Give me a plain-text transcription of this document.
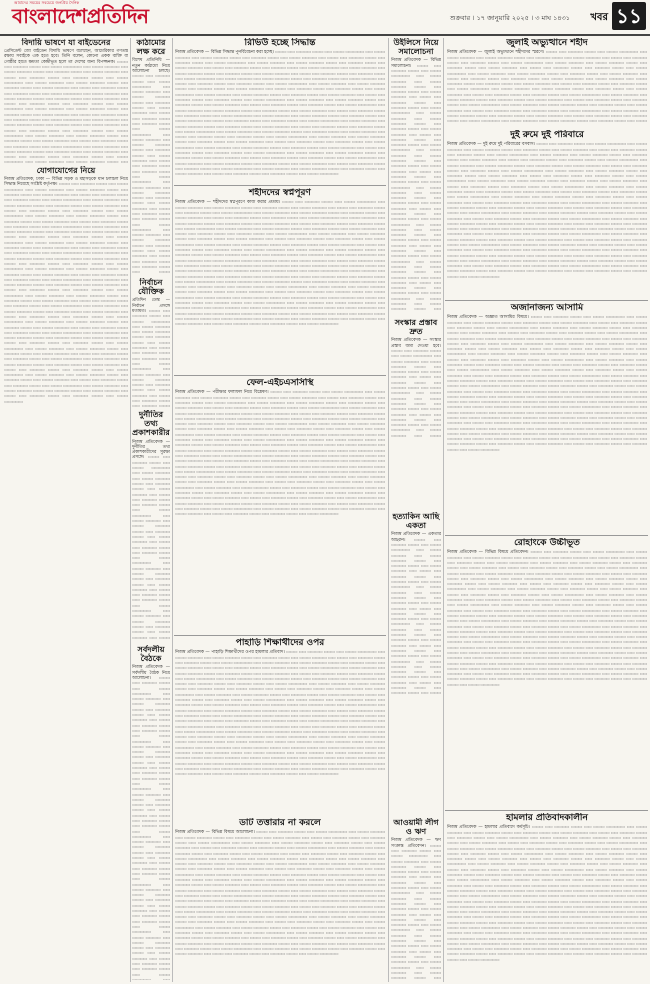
বাংলাদেশপ্রতিদিন
আমাদের সময়ের সবচেয়ে জনপ্রিয় দৈনিক
শুক্রবার । ১৭ জানুয়ারি ২০২৫ । ৩ মাঘ ১৪৩১ খবর ১১
বিদায়ি ভাষণে যা বাইডেনের

প্রেসিডেন্ট জো বাইডেন বিদায়ি ভাষণে বলেছেন, আমেরিকার গণতন্ত্র রক্ষায় সবাইকে এক হতে হবে। তিনি বলেন, কোনো একক ব্যক্তি বা গোষ্ঠীর হাতে ক্ষমতা কেন্দ্রীভূত হলে তা দেশের জন্য বিপজ্জনক। ▭▭▭ ▭▭ ▭▭▭▭ ▭▭▭ ▭▭ ▭▭▭ ▭▭▭▭▭ ▭▭ ▭▭▭ ▭▭▭▭ ▭▭ ▭▭▭ ▭▭▭▭ ▭▭▭ ▭▭ ▭▭▭▭ ▭▭▭ ▭▭ ▭▭▭ ▭▭▭▭ ▭▭ ▭▭▭ ▭▭ ▭▭▭▭ ▭▭▭ ▭▭ ▭▭▭▭ ▭▭▭ ▭▭ ▭▭▭ ▭▭▭▭▭ ▭▭ ▭▭▭ ▭▭▭▭ ▭▭ ▭▭▭ ▭▭▭▭ ▭▭▭ ▭▭ ▭▭▭▭ ▭▭▭ ▭▭ ▭▭▭ ▭▭▭▭ ▭▭ ▭▭▭ ▭▭ ▭▭▭▭ ▭▭▭ ▭▭ ▭▭▭▭ ▭▭▭ ▭▭ ▭▭▭ ▭▭▭▭▭ ▭▭ ▭▭▭ ▭▭▭▭ ▭▭ ▭▭▭ ▭▭▭▭ ▭▭▭ ▭▭ ▭▭▭▭ ▭▭▭ ▭▭ ▭▭▭ ▭▭▭▭ ▭▭ ▭▭▭ ▭▭ ▭▭▭▭ ▭▭▭ ▭▭ ▭▭▭▭ ▭▭▭ ▭▭ ▭▭▭ ▭▭▭▭▭ ▭▭ ▭▭▭ ▭▭▭▭ ▭▭ ▭▭▭ ▭▭▭▭ ▭▭▭ ▭▭ ▭▭▭▭ ▭▭▭ ▭▭ ▭▭▭ ▭▭▭▭ ▭▭ ▭▭▭ ▭▭ ▭▭▭▭ ▭▭▭ ▭▭ ▭▭▭▭ ▭▭▭ ▭▭ ▭▭▭ ▭▭▭▭▭ ▭▭ ▭▭▭ ▭▭▭▭ ▭▭ ▭▭▭ ▭▭▭▭ ▭▭▭ ▭▭ ▭▭▭▭ ▭▭▭ ▭▭ ▭▭▭ ▭▭▭▭ ▭▭ ▭▭▭ ▭▭ ▭▭▭▭ ▭▭▭ ▭▭ ▭▭▭▭ ▭▭▭ ▭▭ ▭▭▭ ▭▭▭▭▭ ▭▭ ▭▭▭ ▭▭▭▭ ▭▭ ▭▭▭ ▭▭▭▭ ▭▭▭ ▭▭ ▭▭▭▭ ▭▭▭ ▭▭ ▭▭▭ ▭▭▭▭ ▭▭ ▭▭▭ ▭▭ ▭▭▭▭ ▭▭▭ ▭▭ ▭▭▭▭ ▭▭▭ ▭▭ ▭▭▭ ▭▭▭▭▭ ▭▭ ▭▭▭ ▭▭▭▭ ▭▭ ▭▭▭ ▭▭▭▭ ▭▭▭ ▭▭ ▭▭▭▭ ▭▭▭ ▭▭ ▭▭▭ ▭▭▭▭ ▭▭ ▭▭▭ ▭▭ ▭▭▭▭ ▭▭▭ ▭▭ ▭▭▭▭ ▭▭▭ ▭▭ ▭▭▭ ▭▭▭▭▭ ▭▭ ▭▭▭ ▭▭▭▭ ▭▭ ▭▭▭ ▭▭▭▭ ▭▭▭ ▭▭ ▭▭▭▭ ▭▭▭ ▭▭ ▭▭▭ ▭▭▭▭ ▭▭ ▭▭▭ ▭▭ ▭▭▭▭ ▭▭▭ ▭▭ ▭▭▭▭ ▭▭▭ ▭▭ ▭▭▭ ▭▭▭▭▭ ▭▭ ▭▭▭ ▭▭▭▭ ▭▭ ▭▭▭ ▭▭▭▭ ▭▭▭ ▭▭ ▭▭▭▭ ▭▭▭ ▭▭ ▭▭▭ ▭▭▭▭ ▭▭ ▭▭▭ ▭▭ ▭▭▭▭ ▭▭▭ ▭▭ ▭▭▭▭ ▭▭▭ ▭▭ ▭▭▭ ▭▭▭▭▭ ▭▭ ▭▭▭ ▭▭▭▭ ▭▭ ▭▭▭ ▭▭▭▭ ▭▭▭ ▭▭ ▭▭▭▭ ▭▭▭ ▭▭ ▭▭▭ ▭▭▭▭ ▭▭ ▭▭▭ ▭▭ ▭▭▭▭ ▭▭▭ ▭▭ ▭▭▭▭ ▭▭▭ ▭▭ ▭▭▭ ▭▭▭▭▭ ▭▭ ▭▭▭ ▭▭▭▭ ▭▭ ▭▭▭ ▭▭▭▭ ▭▭▭ ▭▭ ▭▭▭▭ ▭▭▭ ▭▭ ▭▭▭ ▭▭▭▭ ▭▭ ▭▭▭ ▭▭ ▭▭▭▭ ▭▭▭ ▭▭ ▭▭▭▭ ▭▭▭ ▭▭ ▭▭▭ ▭▭▭▭▭ ▭▭ ▭▭▭ ▭▭▭▭ ▭▭ ▭▭▭ ▭▭▭▭ ▭▭▭ ▭▭ ▭▭▭▭ ▭▭▭ ▭▭ ▭▭▭ ▭▭▭▭ ▭▭ ▭▭▭ ▭▭ ▭▭▭▭ ▭▭▭ ▭▭ ▭▭▭▭ ▭▭▭ ▭▭ ▭▭▭ ▭▭▭▭▭ ▭▭ ▭▭▭ ▭▭▭▭ ▭▭ ▭▭▭ ▭▭▭▭ ▭▭▭ ▭▭ ▭▭▭▭ ▭▭▭ ▭▭ ▭▭▭ ▭▭▭▭ ▭▭ ▭▭▭ ▭▭ ▭▭▭▭ ▭▭▭ ▭▭ ▭▭▭▭ ▭▭▭ ▭▭ ▭▭▭ ▭▭▭▭▭ ▭▭ ▭▭▭ ▭▭▭▭ ▭▭ ▭▭▭ ▭▭▭▭ ▭▭▭ ▭▭ ▭▭▭▭ ▭▭▭ ▭▭ ▭▭▭ ▭▭▭▭ ▭▭ ▭▭▭ ▭▭ ▭▭▭▭ ▭▭▭ ▭▭ ▭▭▭▭ ▭▭▭ ▭▭ ▭▭▭ ▭▭▭▭▭ ▭▭ ▭▭▭ ▭▭▭▭ ▭▭ ▭▭▭ ▭▭▭▭ ▭▭▭ ▭▭ ▭▭▭▭ ▭▭▭ ▭▭ ▭▭▭ ▭▭▭▭ ▭▭ ▭▭▭ ▭▭ ▭▭▭▭ ▭▭▭ ▭▭ ▭▭▭▭ ▭▭▭ ▭▭ ▭▭▭ ▭▭▭▭▭ ▭▭ ▭▭▭ ▭▭▭▭ ▭▭ ▭▭▭ ▭▭▭▭ ▭▭▭ ▭▭ ▭▭▭▭ ▭▭▭ ▭▭ ▭▭▭ ▭▭▭▭ ▭▭ ▭▭▭ ▭▭ ▭▭▭▭ ▭▭▭ ▭▭ ▭▭▭▭ ▭▭▭ ▭▭ ▭▭▭ ▭▭▭▭▭

যোগাযোগের নিয়ে

নিজস্ব প্রতিবেদক, ঢাকা — বিভিন্ন সড়ক ও মহাসড়কে যান চলাচল নিয়ে সিদ্ধান্ত নিয়েছে সংশ্লিষ্ট কর্তৃপক্ষ। ▭▭▭ ▭▭ ▭▭▭▭ ▭▭▭ ▭▭ ▭▭▭ ▭▭▭▭▭ ▭▭ ▭▭▭ ▭▭▭▭ ▭▭ ▭▭▭ ▭▭▭▭ ▭▭▭ ▭▭ ▭▭▭▭ ▭▭▭ ▭▭ ▭▭▭ ▭▭▭▭ ▭▭ ▭▭▭ ▭▭ ▭▭▭▭ ▭▭▭ ▭▭ ▭▭▭▭ ▭▭▭ ▭▭ ▭▭▭ ▭▭▭▭▭ ▭▭ ▭▭▭ ▭▭▭▭ ▭▭ ▭▭▭ ▭▭▭▭ ▭▭▭ ▭▭ ▭▭▭▭ ▭▭▭ ▭▭ ▭▭▭ ▭▭▭▭ ▭▭ ▭▭▭ ▭▭ ▭▭▭▭ ▭▭▭ ▭▭ ▭▭▭▭ ▭▭▭ ▭▭ ▭▭▭ ▭▭▭▭▭ ▭▭ ▭▭▭ ▭▭▭▭ ▭▭ ▭▭▭ ▭▭▭▭ ▭▭▭ ▭▭ ▭▭▭▭ ▭▭▭ ▭▭ ▭▭▭ ▭▭▭▭ ▭▭ ▭▭▭ ▭▭ ▭▭▭▭ ▭▭▭ ▭▭ ▭▭▭▭ ▭▭▭ ▭▭ ▭▭▭ ▭▭▭▭▭ ▭▭ ▭▭▭ ▭▭▭▭ ▭▭ ▭▭▭ ▭▭▭▭ ▭▭▭ ▭▭ ▭▭▭▭ ▭▭▭ ▭▭ ▭▭▭ ▭▭▭▭ ▭▭ ▭▭▭ ▭▭ ▭▭▭▭ ▭▭▭ ▭▭ ▭▭▭▭ ▭▭▭ ▭▭ ▭▭▭ ▭▭▭▭▭ ▭▭ ▭▭▭ ▭▭▭▭ ▭▭ ▭▭▭ ▭▭▭▭ ▭▭▭ ▭▭ ▭▭▭▭ ▭▭▭ ▭▭ ▭▭▭ ▭▭▭▭ ▭▭ ▭▭▭ ▭▭ ▭▭▭▭ ▭▭▭ ▭▭ ▭▭▭▭ ▭▭▭ ▭▭ ▭▭▭ ▭▭▭▭▭ ▭▭ ▭▭▭ ▭▭▭▭ ▭▭ ▭▭▭ ▭▭▭▭ ▭▭▭ ▭▭ ▭▭▭▭ ▭▭▭ ▭▭ ▭▭▭ ▭▭▭▭ ▭▭ ▭▭▭ ▭▭ ▭▭▭▭ ▭▭▭ ▭▭ ▭▭▭▭ ▭▭▭ ▭▭ ▭▭▭ ▭▭▭▭▭ ▭▭ ▭▭▭ ▭▭▭▭ ▭▭ ▭▭▭ ▭▭▭▭ ▭▭▭ ▭▭ ▭▭▭▭ ▭▭▭ ▭▭ ▭▭▭ ▭▭▭▭ ▭▭ ▭▭▭ ▭▭ ▭▭▭▭ ▭▭▭ ▭▭ ▭▭▭▭ ▭▭▭ ▭▭ ▭▭▭ ▭▭▭▭▭ ▭▭ ▭▭▭ ▭▭▭▭ ▭▭ ▭▭▭ ▭▭▭▭ ▭▭▭ ▭▭ ▭▭▭▭ ▭▭▭ ▭▭ ▭▭▭ ▭▭▭▭ ▭▭ ▭▭▭ ▭▭ ▭▭▭▭ ▭▭▭ ▭▭ ▭▭▭▭ ▭▭▭ ▭▭ ▭▭▭ ▭▭▭▭▭ ▭▭ ▭▭▭ ▭▭▭▭ ▭▭ ▭▭▭ ▭▭▭▭ ▭▭▭ ▭▭ ▭▭▭▭ ▭▭▭ ▭▭ ▭▭▭ ▭▭▭▭ ▭▭ ▭▭▭ ▭▭ ▭▭▭▭ ▭▭▭ ▭▭ ▭▭▭▭ ▭▭▭ ▭▭ ▭▭▭ ▭▭▭▭▭ ▭▭ ▭▭▭ ▭▭▭▭ ▭▭ ▭▭▭ ▭▭▭▭ ▭▭▭ ▭▭ ▭▭▭▭ ▭▭▭ ▭▭ ▭▭▭ ▭▭▭▭ ▭▭ ▭▭▭ ▭▭ ▭▭▭▭ ▭▭▭ ▭▭ ▭▭▭▭ ▭▭▭ ▭▭ ▭▭▭ ▭▭▭▭▭ ▭▭ ▭▭▭ ▭▭▭▭ ▭▭ ▭▭▭ ▭▭▭▭ ▭▭▭ ▭▭ ▭▭▭▭ ▭▭▭ ▭▭ ▭▭▭ ▭▭▭▭ ▭▭ ▭▭▭ ▭▭ ▭▭▭▭ ▭▭▭ ▭▭ ▭▭▭▭ ▭▭▭ ▭▭ ▭▭▭ ▭▭▭▭▭ ▭▭ ▭▭▭ ▭▭▭▭ ▭▭ ▭▭▭ ▭▭▭▭ ▭▭▭ ▭▭ ▭▭▭▭ ▭▭▭ ▭▭ ▭▭▭ ▭▭▭▭ ▭▭ ▭▭▭ ▭▭ ▭▭▭▭ ▭▭▭ ▭▭ ▭▭▭▭ ▭▭▭ ▭▭ ▭▭▭ ▭▭▭▭▭ ▭▭ ▭▭▭ ▭▭▭▭ ▭▭ ▭▭▭ ▭▭▭▭ ▭▭▭ ▭▭ ▭▭▭▭ ▭▭▭ ▭▭ ▭▭▭ ▭▭▭▭ ▭▭ ▭▭▭ ▭▭ ▭▭▭▭ ▭▭▭ ▭▭ ▭▭▭▭ ▭▭▭ ▭▭ ▭▭▭ ▭▭▭▭▭ ▭▭ ▭▭▭ ▭▭▭▭ ▭▭ ▭▭▭ ▭▭▭▭ ▭▭▭ ▭▭ ▭▭▭▭ ▭▭▭ ▭▭ ▭▭▭ ▭▭▭▭ ▭▭ ▭▭▭ ▭▭ ▭▭▭▭ ▭▭▭ ▭▭ ▭▭▭▭ ▭▭▭ ▭▭ ▭▭▭ ▭▭▭▭▭ ▭▭ ▭▭▭ ▭▭▭▭ ▭▭ ▭▭▭ ▭▭▭▭ ▭▭▭ ▭▭ ▭▭▭▭ ▭▭▭ ▭▭ ▭▭▭ ▭▭▭▭ ▭▭ ▭▭▭ ▭▭ ▭▭▭▭ ▭▭▭ ▭▭ ▭▭▭▭ ▭▭▭ ▭▭ ▭▭▭ ▭▭▭▭▭ ▭▭ ▭▭▭ ▭▭▭▭ ▭▭ ▭▭▭ ▭▭▭▭ ▭▭▭ ▭▭ ▭▭▭▭ ▭▭▭ ▭▭ ▭▭▭ ▭▭▭▭ ▭▭ ▭▭▭ ▭▭ ▭▭▭▭ ▭▭▭ ▭▭ ▭▭▭▭ ▭▭▭ ▭▭ ▭▭▭ ▭▭▭▭▭

কাঠামোর লক্ষ করে

বিশেষ প্রতিনিধি — নতুন কাঠামো নিয়ে আলোচনা চলছে। ▭▭▭ ▭▭ ▭▭▭▭ ▭▭▭ ▭▭ ▭▭▭ ▭▭▭▭▭ ▭▭ ▭▭▭ ▭▭▭▭ ▭▭ ▭▭▭ ▭▭▭▭ ▭▭▭ ▭▭ ▭▭▭▭ ▭▭▭ ▭▭ ▭▭▭ ▭▭▭▭ ▭▭ ▭▭▭ ▭▭ ▭▭▭▭ ▭▭▭ ▭▭ ▭▭▭▭ ▭▭▭ ▭▭ ▭▭▭ ▭▭▭▭▭ ▭▭ ▭▭▭ ▭▭▭▭ ▭▭ ▭▭▭ ▭▭▭▭ ▭▭▭ ▭▭ ▭▭▭▭ ▭▭▭ ▭▭ ▭▭▭ ▭▭▭▭ ▭▭ ▭▭▭ ▭▭ ▭▭▭▭ ▭▭▭ ▭▭ ▭▭▭▭ ▭▭▭ ▭▭ ▭▭▭ ▭▭▭▭▭ ▭▭ ▭▭▭ ▭▭▭▭ ▭▭ ▭▭▭ ▭▭▭▭ ▭▭▭ ▭▭ ▭▭▭▭ ▭▭▭ ▭▭ ▭▭▭ ▭▭▭▭ ▭▭ ▭▭▭ ▭▭ ▭▭▭▭ ▭▭▭ ▭▭ ▭▭▭▭ ▭▭▭ ▭▭ ▭▭▭ ▭▭▭▭▭ ▭▭ ▭▭▭ ▭▭▭▭ ▭▭ ▭▭▭ ▭▭▭▭ ▭▭▭ ▭▭ ▭▭▭▭ ▭▭▭ ▭▭ ▭▭▭ ▭▭▭▭ ▭▭ ▭▭▭ ▭▭ ▭▭▭▭ ▭▭▭ ▭▭ ▭▭▭▭ ▭▭▭ ▭▭ ▭▭▭ ▭▭▭▭▭ ▭▭ ▭▭▭ ▭▭▭▭ ▭▭ ▭▭▭ ▭▭▭▭ ▭▭▭ ▭▭ ▭▭▭▭ ▭▭▭ ▭▭ ▭▭▭ ▭▭▭▭ ▭▭ ▭▭▭ ▭▭ ▭▭▭▭ ▭▭▭ ▭▭ ▭▭▭▭ ▭▭▭ ▭▭ ▭▭▭ ▭▭▭▭▭ ▭▭ ▭▭▭ ▭▭▭▭ ▭▭ ▭▭▭ ▭▭▭▭ ▭▭▭ ▭▭ ▭▭▭▭ ▭▭▭ ▭▭ ▭▭▭ ▭▭▭▭ ▭▭ ▭▭▭ ▭▭ ▭▭▭▭ ▭▭▭ ▭▭ ▭▭▭▭ ▭▭▭ ▭▭ ▭▭▭ ▭▭▭▭▭ ▭▭ ▭▭▭ ▭▭▭▭ ▭▭ ▭▭▭ ▭▭▭▭ ▭▭▭ ▭▭ ▭▭▭▭ ▭▭▭ ▭▭ ▭▭▭ ▭▭▭▭ ▭▭ ▭▭▭ ▭▭ ▭▭▭▭ ▭▭▭ ▭▭ ▭▭▭▭ ▭▭▭ ▭▭ ▭▭▭ ▭▭▭▭▭ ▭▭ ▭▭▭ ▭▭▭▭ ▭▭ ▭▭▭ ▭▭▭▭ ▭▭▭ ▭▭ ▭▭▭▭ ▭▭▭ ▭▭ ▭▭▭ ▭▭▭▭ ▭▭ ▭▭▭ ▭▭ ▭▭▭▭ ▭▭▭ ▭▭ ▭▭▭▭ ▭▭▭ ▭▭ ▭▭▭ ▭▭▭▭▭ ▭▭ ▭▭▭ ▭▭▭▭ ▭▭ ▭▭▭ ▭▭▭▭ ▭▭▭ ▭▭ ▭▭▭▭ ▭▭▭ ▭▭ ▭▭▭ ▭▭▭▭ ▭▭ ▭▭▭ ▭▭ ▭▭▭▭ ▭▭▭ ▭▭ ▭▭▭▭ ▭▭▭ ▭▭ ▭▭▭ ▭▭▭▭▭ ▭▭ ▭▭▭ ▭▭▭▭ ▭▭ ▭▭▭ ▭▭▭▭ ▭▭▭ ▭▭ ▭▭▭▭ ▭▭▭ ▭▭ ▭▭▭ ▭▭▭▭ ▭▭ ▭▭▭ ▭▭ ▭▭▭▭ ▭▭▭ ▭▭ ▭▭▭▭ ▭▭▭ ▭▭ ▭▭▭ ▭▭▭▭▭ ▭▭ ▭▭▭ ▭▭▭▭ ▭▭ ▭▭▭ ▭▭▭▭ ▭▭▭ ▭▭ ▭▭▭▭ ▭▭▭ ▭▭ ▭▭▭ ▭▭▭▭ ▭▭ ▭▭▭ ▭▭ ▭▭▭▭ ▭▭▭ ▭▭ ▭▭▭▭ ▭▭▭ ▭▭ ▭▭▭ ▭▭▭▭▭ ▭▭ ▭▭▭ ▭▭▭▭ ▭▭ ▭▭▭ ▭▭▭▭ ▭▭▭ ▭▭ ▭▭▭▭ ▭▭▭ ▭▭ ▭▭▭ ▭▭▭▭ ▭▭ ▭▭▭ ▭▭ ▭▭▭▭ ▭▭▭ ▭▭ ▭▭▭▭ ▭▭▭ ▭▭ ▭▭▭ ▭▭▭▭▭ ▭▭ ▭▭▭ ▭▭▭▭ ▭▭ ▭▭▭ ▭▭▭▭ ▭▭▭ ▭▭ ▭▭▭▭ ▭▭▭ ▭▭ ▭▭▭ ▭▭▭▭ ▭▭ ▭▭▭ ▭▭ ▭▭▭▭ ▭▭▭ ▭▭ ▭▭▭▭ ▭▭▭ ▭▭ ▭▭▭ ▭▭▭▭▭ ▭▭ ▭▭▭ ▭▭▭▭ ▭▭ ▭▭▭ ▭▭▭▭ ▭▭▭ ▭▭ ▭▭▭▭ ▭▭▭ ▭▭ ▭▭▭ ▭▭▭▭ ▭▭ ▭▭▭ ▭▭ ▭▭▭▭ ▭▭▭ ▭▭ ▭▭▭▭ ▭▭▭ ▭▭ ▭▭▭ ▭▭▭▭▭ ▭▭ ▭▭▭ ▭▭▭▭ ▭▭ ▭▭▭ ▭▭▭▭ ▭▭▭ ▭▭ ▭▭▭▭ ▭▭▭ ▭▭ ▭▭▭ ▭▭▭▭ ▭▭ ▭▭▭ ▭▭ ▭▭▭▭ ▭▭▭ ▭▭ ▭▭▭▭ ▭▭▭ ▭▭ ▭▭▭ ▭▭▭▭▭ ▭▭ ▭▭▭ ▭▭▭▭ ▭▭ ▭▭▭ ▭▭▭▭ ▭▭▭ ▭▭ ▭▭▭▭ ▭▭▭ ▭▭ ▭▭▭ ▭▭▭▭ ▭▭ ▭▭▭ ▭▭ ▭▭▭▭ ▭▭▭ ▭▭ ▭▭▭▭ ▭▭▭ ▭▭ ▭▭▭ ▭▭▭▭▭

নির্বাচন যৌক্তিক

প্রতিদিন ডেস্ক — নির্বাচন প্রসঙ্গে মতামত। ▭▭▭ ▭▭ ▭▭▭▭ ▭▭▭ ▭▭ ▭▭▭ ▭▭▭▭▭ ▭▭ ▭▭▭ ▭▭▭▭ ▭▭ ▭▭▭ ▭▭▭▭ ▭▭▭ ▭▭ ▭▭▭▭ ▭▭▭ ▭▭ ▭▭▭ ▭▭▭▭ ▭▭ ▭▭▭ ▭▭ ▭▭▭▭ ▭▭▭ ▭▭ ▭▭▭▭ ▭▭▭ ▭▭ ▭▭▭ ▭▭▭▭▭ ▭▭ ▭▭▭ ▭▭▭▭ ▭▭ ▭▭▭ ▭▭▭▭ ▭▭▭ ▭▭ ▭▭▭▭ ▭▭▭ ▭▭ ▭▭▭ ▭▭▭▭ ▭▭ ▭▭▭ ▭▭ ▭▭▭▭ ▭▭▭ ▭▭ ▭▭▭▭ ▭▭▭ ▭▭ ▭▭▭ ▭▭▭▭▭ ▭▭ ▭▭▭ ▭▭▭▭ ▭▭ ▭▭▭ ▭▭▭▭ ▭▭▭ ▭▭ ▭▭▭▭ ▭▭▭ ▭▭ ▭▭▭ ▭▭▭▭ ▭▭ ▭▭▭ ▭▭ ▭▭▭▭ ▭▭▭ ▭▭ ▭▭▭▭ ▭▭▭ ▭▭ ▭▭▭ ▭▭▭▭▭ ▭▭ ▭▭▭ ▭▭▭▭ ▭▭ ▭▭▭ ▭▭▭▭ ▭▭▭ ▭▭ ▭▭▭▭ ▭▭▭ ▭▭ ▭▭▭ ▭▭▭▭ ▭▭ ▭▭▭ ▭▭ ▭▭▭▭ ▭▭▭ ▭▭ ▭▭▭▭ ▭▭▭ ▭▭ ▭▭▭ ▭▭▭▭▭ ▭▭ ▭▭▭ ▭▭▭▭ ▭▭ ▭▭▭ ▭▭▭▭ ▭▭▭ ▭▭ ▭▭▭▭ ▭▭▭ ▭▭ ▭▭▭ ▭▭▭▭ ▭▭ ▭▭▭ ▭▭ ▭▭▭▭ ▭▭▭ ▭▭ ▭▭▭▭ ▭▭▭ ▭▭ ▭▭▭ ▭▭▭▭▭ ▭▭ ▭▭▭ ▭▭▭▭ ▭▭ ▭▭▭ ▭▭▭▭ ▭▭▭ ▭▭ ▭▭▭▭ ▭▭▭ ▭▭ ▭▭▭ ▭▭▭▭ ▭▭ ▭▭▭ ▭▭ ▭▭▭▭ ▭▭▭ ▭▭ ▭▭▭▭ ▭▭▭ ▭▭ ▭▭▭ ▭▭▭▭▭ ▭▭ ▭▭▭ ▭▭▭▭ ▭▭ ▭▭▭ ▭▭▭▭ ▭▭▭ ▭▭ ▭▭▭▭ ▭▭▭ ▭▭ ▭▭▭ ▭▭▭▭ ▭▭ ▭▭▭ ▭▭ ▭▭▭▭ ▭▭▭ ▭▭ ▭▭▭▭ ▭▭▭ ▭▭ ▭▭▭ ▭▭▭▭▭ ▭▭ ▭▭▭ ▭▭▭▭ ▭▭ ▭▭▭ ▭▭▭▭ ▭▭▭ ▭▭ ▭▭▭▭ ▭▭▭ ▭▭ ▭▭▭ ▭▭▭▭ ▭▭ ▭▭▭ ▭▭ ▭▭▭▭ ▭▭▭ ▭▭ ▭▭▭▭ ▭▭▭ ▭▭ ▭▭▭ ▭▭▭▭▭ ▭▭ ▭▭▭ ▭▭▭▭ ▭▭ ▭▭▭ ▭▭▭▭ ▭▭▭ ▭▭ ▭▭▭▭ ▭▭▭ ▭▭ ▭▭▭ ▭▭▭▭ ▭▭ ▭▭▭ ▭▭ ▭▭▭▭ ▭▭▭ ▭▭ ▭▭▭▭ ▭▭▭ ▭▭ ▭▭▭ ▭▭▭▭▭ ▭▭ ▭▭▭ ▭▭▭▭ ▭▭ ▭▭▭ ▭▭▭▭ ▭▭▭ ▭▭ ▭▭▭▭ ▭▭▭ ▭▭ ▭▭▭ ▭▭▭▭ ▭▭ ▭▭▭ ▭▭ ▭▭▭▭ ▭▭▭ ▭▭ ▭▭▭▭ ▭▭▭ ▭▭ ▭▭▭ ▭▭▭▭▭ ▭▭ ▭▭▭ ▭▭▭▭ ▭▭ ▭▭▭ ▭▭▭▭ ▭▭▭ ▭▭ ▭▭▭▭ ▭▭▭ ▭▭ ▭▭▭ ▭▭▭▭ ▭▭ ▭▭▭ ▭▭ ▭▭▭▭ ▭▭▭ ▭▭ ▭▭▭▭ ▭▭▭ ▭▭ ▭▭▭ ▭▭▭▭▭ ▭▭ ▭▭▭ ▭▭▭▭ ▭▭ ▭▭▭ ▭▭▭▭ ▭▭▭ ▭▭ ▭▭▭▭ ▭▭▭ ▭▭ ▭▭▭ ▭▭▭▭ ▭▭ ▭▭▭ ▭▭ ▭▭▭▭ ▭▭▭ ▭▭ ▭▭▭▭ ▭▭▭ ▭▭ ▭▭▭ ▭▭▭▭▭ ▭▭ ▭▭▭ ▭▭▭▭ ▭▭ ▭▭▭ ▭▭▭▭ ▭▭▭ ▭▭ ▭▭▭▭ ▭▭▭ ▭▭ ▭▭▭ ▭▭▭▭ ▭▭ ▭▭▭ ▭▭ ▭▭▭▭ ▭▭▭ ▭▭ ▭▭▭▭ ▭▭▭ ▭▭ ▭▭▭ ▭▭▭▭▭ ▭▭ ▭▭▭ ▭▭▭▭ ▭▭ ▭▭▭ ▭▭▭▭ ▭▭▭ ▭▭ ▭▭▭▭ ▭▭▭ ▭▭ ▭▭▭ ▭▭▭▭ ▭▭ ▭▭▭ ▭▭ ▭▭▭▭ ▭▭▭ ▭▭ ▭▭▭▭ ▭▭▭ ▭▭ ▭▭▭ ▭▭▭▭▭ ▭▭ ▭▭▭ ▭▭▭▭ ▭▭ ▭▭▭ ▭▭▭▭ ▭▭▭ ▭▭ ▭▭▭▭ ▭▭▭ ▭▭ ▭▭▭ ▭▭▭▭ ▭▭ ▭▭▭ ▭▭ ▭▭▭▭ ▭▭▭ ▭▭ ▭▭▭▭ ▭▭▭ ▭▭ ▭▭▭ ▭▭▭▭▭ ▭▭ ▭▭▭ ▭▭▭▭ ▭▭ ▭▭▭ ▭▭▭▭ ▭▭▭ ▭▭ ▭▭▭▭ ▭▭▭ ▭▭ ▭▭▭ ▭▭▭▭ ▭▭ ▭▭▭ ▭▭ ▭▭▭▭ ▭▭▭ ▭▭ ▭▭▭▭ ▭▭▭ ▭▭ ▭▭▭ ▭▭▭▭▭

দুর্নীতির তথ্য প্রকাশকারীর

নিজস্ব প্রতিবেদক — দুর্নীতির তথ্য প্রকাশকারীদের সুরক্ষা প্রসঙ্গে। ▭▭▭ ▭▭ ▭▭▭▭ ▭▭▭ ▭▭ ▭▭▭ ▭▭▭▭▭ ▭▭ ▭▭▭ ▭▭▭▭ ▭▭ ▭▭▭ ▭▭▭▭ ▭▭▭ ▭▭ ▭▭▭▭ ▭▭▭ ▭▭ ▭▭▭ ▭▭▭▭ ▭▭ ▭▭▭ ▭▭ ▭▭▭▭ ▭▭▭ ▭▭ ▭▭▭▭ ▭▭▭ ▭▭ ▭▭▭ ▭▭▭▭▭ ▭▭ ▭▭▭ ▭▭▭▭ ▭▭ ▭▭▭ ▭▭▭▭ ▭▭▭ ▭▭ ▭▭▭▭ ▭▭▭ ▭▭ ▭▭▭ ▭▭▭▭ ▭▭ ▭▭▭ ▭▭ ▭▭▭▭ ▭▭▭ ▭▭ ▭▭▭▭ ▭▭▭ ▭▭ ▭▭▭ ▭▭▭▭▭ ▭▭ ▭▭▭ ▭▭▭▭ ▭▭ ▭▭▭ ▭▭▭▭ ▭▭▭ ▭▭ ▭▭▭▭ ▭▭▭ ▭▭ ▭▭▭ ▭▭▭▭ ▭▭ ▭▭▭ ▭▭ ▭▭▭▭ ▭▭▭ ▭▭ ▭▭▭▭ ▭▭▭ ▭▭ ▭▭▭ ▭▭▭▭▭ ▭▭ ▭▭▭ ▭▭▭▭ ▭▭ ▭▭▭ ▭▭▭▭ ▭▭▭ ▭▭ ▭▭▭▭ ▭▭▭ ▭▭ ▭▭▭ ▭▭▭▭ ▭▭ ▭▭▭ ▭▭ ▭▭▭▭ ▭▭▭ ▭▭ ▭▭▭▭ ▭▭▭ ▭▭ ▭▭▭ ▭▭▭▭▭ ▭▭ ▭▭▭ ▭▭▭▭ ▭▭ ▭▭▭ ▭▭▭▭ ▭▭▭ ▭▭ ▭▭▭▭ ▭▭▭ ▭▭ ▭▭▭ ▭▭▭▭ ▭▭ ▭▭▭ ▭▭ ▭▭▭▭ ▭▭▭ ▭▭ ▭▭▭▭ ▭▭▭ ▭▭ ▭▭▭ ▭▭▭▭▭ ▭▭ ▭▭▭ ▭▭▭▭ ▭▭ ▭▭▭ ▭▭▭▭ ▭▭▭ ▭▭ ▭▭▭▭ ▭▭▭ ▭▭ ▭▭▭ ▭▭▭▭ ▭▭ ▭▭▭ ▭▭ ▭▭▭▭ ▭▭▭ ▭▭ ▭▭▭▭ ▭▭▭ ▭▭ ▭▭▭ ▭▭▭▭▭ ▭▭ ▭▭▭ ▭▭▭▭ ▭▭ ▭▭▭ ▭▭▭▭ ▭▭▭ ▭▭ ▭▭▭▭ ▭▭▭ ▭▭ ▭▭▭ ▭▭▭▭ ▭▭ ▭▭▭ ▭▭ ▭▭▭▭ ▭▭▭ ▭▭ ▭▭▭▭ ▭▭▭ ▭▭ ▭▭▭ ▭▭▭▭▭ ▭▭ ▭▭▭ ▭▭▭▭ ▭▭ ▭▭▭ ▭▭▭▭ ▭▭▭ ▭▭ ▭▭▭▭ ▭▭▭ ▭▭ ▭▭▭ ▭▭▭▭ ▭▭ ▭▭▭ ▭▭ ▭▭▭▭ ▭▭▭ ▭▭ ▭▭▭▭ ▭▭▭ ▭▭ ▭▭▭ ▭▭▭▭▭ ▭▭ ▭▭▭ ▭▭▭▭ ▭▭ ▭▭▭ ▭▭▭▭ ▭▭▭ ▭▭ ▭▭▭▭ ▭▭▭ ▭▭ ▭▭▭ ▭▭▭▭ ▭▭ ▭▭▭ ▭▭ ▭▭▭▭ ▭▭▭ ▭▭ ▭▭▭▭ ▭▭▭ ▭▭ ▭▭▭ ▭▭▭▭▭ ▭▭ ▭▭▭ ▭▭▭▭ ▭▭ ▭▭▭ ▭▭▭▭ ▭▭▭ ▭▭ ▭▭▭▭ ▭▭▭ ▭▭ ▭▭▭ ▭▭▭▭ ▭▭ ▭▭▭ ▭▭ ▭▭▭▭ ▭▭▭ ▭▭ ▭▭▭▭ ▭▭▭ ▭▭ ▭▭▭ ▭▭▭▭▭ ▭▭ ▭▭▭ ▭▭▭▭ ▭▭ ▭▭▭ ▭▭▭▭ ▭▭▭ ▭▭ ▭▭▭▭ ▭▭▭ ▭▭ ▭▭▭ ▭▭▭▭ ▭▭ ▭▭▭ ▭▭ ▭▭▭▭ ▭▭▭ ▭▭ ▭▭▭▭ ▭▭▭ ▭▭ ▭▭▭ ▭▭▭▭▭ ▭▭ ▭▭▭ ▭▭▭▭ ▭▭ ▭▭▭ ▭▭▭▭ ▭▭▭ ▭▭ ▭▭▭▭ ▭▭▭ ▭▭ ▭▭▭ ▭▭▭▭ ▭▭ ▭▭▭ ▭▭ ▭▭▭▭ ▭▭▭ ▭▭ ▭▭▭▭ ▭▭▭ ▭▭ ▭▭▭ ▭▭▭▭▭ ▭▭ ▭▭▭ ▭▭▭▭ ▭▭ ▭▭▭ ▭▭▭▭ ▭▭▭ ▭▭ ▭▭▭▭ ▭▭▭ ▭▭ ▭▭▭ ▭▭▭▭ ▭▭ ▭▭▭ ▭▭ ▭▭▭▭ ▭▭▭ ▭▭ ▭▭▭▭ ▭▭▭ ▭▭ ▭▭▭ ▭▭▭▭▭ ▭▭ ▭▭▭ ▭▭▭▭ ▭▭ ▭▭▭ ▭▭▭▭ ▭▭▭ ▭▭ ▭▭▭▭ ▭▭▭ ▭▭ ▭▭▭ ▭▭▭▭ ▭▭ ▭▭▭ ▭▭ ▭▭▭▭ ▭▭▭ ▭▭ ▭▭▭▭ ▭▭▭ ▭▭ ▭▭▭ ▭▭▭▭▭ ▭▭ ▭▭▭ ▭▭▭▭ ▭▭ ▭▭▭ ▭▭▭▭ ▭▭▭ ▭▭ ▭▭▭▭ ▭▭▭ ▭▭ ▭▭▭ ▭▭▭▭ ▭▭ ▭▭▭ ▭▭ ▭▭▭▭ ▭▭▭ ▭▭ ▭▭▭▭ ▭▭▭ ▭▭ ▭▭▭ ▭▭▭▭▭ ▭▭ ▭▭▭ ▭▭▭▭ ▭▭ ▭▭▭ ▭▭▭▭ ▭▭▭ ▭▭ ▭▭▭▭ ▭▭▭ ▭▭ ▭▭▭ ▭▭▭▭ ▭▭ ▭▭▭ ▭▭ ▭▭▭▭ ▭▭▭ ▭▭ ▭▭▭▭ ▭▭▭ ▭▭ ▭▭▭ ▭▭▭▭▭

সর্বদলীয় বৈঠকে

নিজস্ব প্রতিবেদক — সর্বদলীয় বৈঠক নিয়ে আলোচনা। ▭▭▭ ▭▭ ▭▭▭▭ ▭▭▭ ▭▭ ▭▭▭ ▭▭▭▭▭ ▭▭ ▭▭▭ ▭▭▭▭ ▭▭ ▭▭▭ ▭▭▭▭ ▭▭▭ ▭▭ ▭▭▭▭ ▭▭▭ ▭▭ ▭▭▭ ▭▭▭▭ ▭▭ ▭▭▭ ▭▭ ▭▭▭▭ ▭▭▭ ▭▭ ▭▭▭▭ ▭▭▭ ▭▭ ▭▭▭ ▭▭▭▭▭ ▭▭ ▭▭▭ ▭▭▭▭ ▭▭ ▭▭▭ ▭▭▭▭ ▭▭▭ ▭▭ ▭▭▭▭ ▭▭▭ ▭▭ ▭▭▭ ▭▭▭▭ ▭▭ ▭▭▭ ▭▭ ▭▭▭▭ ▭▭▭ ▭▭ ▭▭▭▭ ▭▭▭ ▭▭ ▭▭▭ ▭▭▭▭▭ ▭▭ ▭▭▭ ▭▭▭▭ ▭▭ ▭▭▭ ▭▭▭▭ ▭▭▭ ▭▭ ▭▭▭▭ ▭▭▭ ▭▭ ▭▭▭ ▭▭▭▭ ▭▭ ▭▭▭ ▭▭ ▭▭▭▭ ▭▭▭ ▭▭ ▭▭▭▭ ▭▭▭ ▭▭ ▭▭▭ ▭▭▭▭▭ ▭▭ ▭▭▭ ▭▭▭▭ ▭▭ ▭▭▭ ▭▭▭▭ ▭▭▭ ▭▭ ▭▭▭▭ ▭▭▭ ▭▭ ▭▭▭ ▭▭▭▭ ▭▭ ▭▭▭ ▭▭ ▭▭▭▭ ▭▭▭ ▭▭ ▭▭▭▭ ▭▭▭ ▭▭ ▭▭▭ ▭▭▭▭▭ ▭▭ ▭▭▭ ▭▭▭▭ ▭▭ ▭▭▭ ▭▭▭▭ ▭▭▭ ▭▭ ▭▭▭▭ ▭▭▭ ▭▭ ▭▭▭ ▭▭▭▭ ▭▭ ▭▭▭ ▭▭ ▭▭▭▭ ▭▭▭ ▭▭ ▭▭▭▭ ▭▭▭ ▭▭ ▭▭▭ ▭▭▭▭▭ ▭▭ ▭▭▭ ▭▭▭▭ ▭▭ ▭▭▭ ▭▭▭▭ ▭▭▭ ▭▭ ▭▭▭▭ ▭▭▭ ▭▭ ▭▭▭ ▭▭▭▭ ▭▭ ▭▭▭ ▭▭ ▭▭▭▭ ▭▭▭ ▭▭ ▭▭▭▭ ▭▭▭ ▭▭ ▭▭▭ ▭▭▭▭▭ ▭▭ ▭▭▭ ▭▭▭▭ ▭▭ ▭▭▭ ▭▭▭▭ ▭▭▭ ▭▭ ▭▭▭▭ ▭▭▭ ▭▭ ▭▭▭ ▭▭▭▭ ▭▭ ▭▭▭ ▭▭ ▭▭▭▭ ▭▭▭ ▭▭ ▭▭▭▭ ▭▭▭ ▭▭ ▭▭▭ ▭▭▭▭▭ ▭▭ ▭▭▭ ▭▭▭▭ ▭▭ ▭▭▭ ▭▭▭▭ ▭▭▭ ▭▭ ▭▭▭▭ ▭▭▭ ▭▭ ▭▭▭ ▭▭▭▭ ▭▭ ▭▭▭ ▭▭ ▭▭▭▭ ▭▭▭ ▭▭ ▭▭▭▭ ▭▭▭ ▭▭ ▭▭▭ ▭▭▭▭▭ ▭▭ ▭▭▭ ▭▭▭▭ ▭▭ ▭▭▭ ▭▭▭▭ ▭▭▭ ▭▭ ▭▭▭▭ ▭▭▭ ▭▭ ▭▭▭ ▭▭▭▭ ▭▭ ▭▭▭ ▭▭ ▭▭▭▭ ▭▭▭ ▭▭ ▭▭▭▭ ▭▭▭ ▭▭ ▭▭▭ ▭▭▭▭▭ ▭▭ ▭▭▭ ▭▭▭▭ ▭▭ ▭▭▭ ▭▭▭▭ ▭▭▭ ▭▭ ▭▭▭▭ ▭▭▭ ▭▭ ▭▭▭ ▭▭▭▭ ▭▭ ▭▭▭ ▭▭ ▭▭▭▭ ▭▭▭ ▭▭ ▭▭▭▭ ▭▭▭ ▭▭ ▭▭▭ ▭▭▭▭▭ ▭▭ ▭▭▭ ▭▭▭▭ ▭▭ ▭▭▭ ▭▭▭▭ ▭▭▭ ▭▭ ▭▭▭▭ ▭▭▭ ▭▭ ▭▭▭ ▭▭▭▭ ▭▭ ▭▭▭ ▭▭ ▭▭▭▭ ▭▭▭ ▭▭ ▭▭▭▭ ▭▭▭ ▭▭ ▭▭▭ ▭▭▭▭▭ ▭▭ ▭▭▭ ▭▭▭▭ ▭▭ ▭▭▭ ▭▭▭▭ ▭▭▭ ▭▭ ▭▭▭▭ ▭▭▭ ▭▭ ▭▭▭ ▭▭▭▭ ▭▭ ▭▭▭ ▭▭ ▭▭▭▭ ▭▭▭ ▭▭ ▭▭▭▭ ▭▭▭ ▭▭ ▭▭▭ ▭▭▭▭▭ ▭▭ ▭▭▭ ▭▭▭▭ ▭▭ ▭▭▭ ▭▭▭▭ ▭▭▭ ▭▭ ▭▭▭▭ ▭▭▭ ▭▭ ▭▭▭ ▭▭▭▭ ▭▭ ▭▭▭ ▭▭ ▭▭▭▭ ▭▭▭ ▭▭ ▭▭▭▭ ▭▭▭ ▭▭ ▭▭▭ ▭▭▭▭▭ ▭▭ ▭▭▭ ▭▭▭▭ ▭▭ ▭▭▭ ▭▭▭▭ ▭▭▭ ▭▭ ▭▭▭▭ ▭▭▭ ▭▭ ▭▭▭ ▭▭▭▭ ▭▭ ▭▭▭ ▭▭ ▭▭▭▭ ▭▭▭ ▭▭ ▭▭▭▭ ▭▭▭ ▭▭ ▭▭▭ ▭▭▭▭▭ ▭▭ ▭▭▭ ▭▭▭▭ ▭▭ ▭▭▭ ▭▭▭▭ ▭▭▭ ▭▭ ▭▭▭▭ ▭▭▭ ▭▭ ▭▭▭ ▭▭▭▭ ▭▭ ▭▭▭ ▭▭ ▭▭▭▭ ▭▭▭ ▭▭ ▭▭▭▭ ▭▭▭ ▭▭ ▭▭▭ ▭▭▭▭▭ ▭▭ ▭▭▭ ▭▭▭▭ ▭▭ ▭▭▭ ▭▭▭▭ ▭▭▭ ▭▭ ▭▭▭▭ ▭▭▭ ▭▭ ▭▭▭ ▭▭▭▭ ▭▭ ▭▭▭ ▭▭ ▭▭▭▭ ▭▭▭ ▭▭ ▭▭▭▭ ▭▭▭ ▭▭ ▭▭▭ ▭▭▭▭▭

রিভিউ হচ্ছে সিদ্ধান্ত

নিজস্ব প্রতিবেদক — বিভিন্ন সিদ্ধান্ত পুনর্বিবেচনা করা হচ্ছে। ▭▭▭ ▭▭ ▭▭▭▭ ▭▭▭ ▭▭ ▭▭▭ ▭▭▭▭▭ ▭▭ ▭▭▭ ▭▭▭▭ ▭▭ ▭▭▭ ▭▭▭▭ ▭▭▭ ▭▭ ▭▭▭▭ ▭▭▭ ▭▭ ▭▭▭ ▭▭▭▭ ▭▭ ▭▭▭ ▭▭ ▭▭▭▭ ▭▭▭ ▭▭ ▭▭▭▭ ▭▭▭ ▭▭ ▭▭▭ ▭▭▭▭▭ ▭▭ ▭▭▭ ▭▭▭▭ ▭▭ ▭▭▭ ▭▭▭▭ ▭▭▭ ▭▭ ▭▭▭▭ ▭▭▭ ▭▭ ▭▭▭ ▭▭▭▭ ▭▭ ▭▭▭ ▭▭ ▭▭▭▭ ▭▭▭ ▭▭ ▭▭▭▭ ▭▭▭ ▭▭ ▭▭▭ ▭▭▭▭▭ ▭▭ ▭▭▭ ▭▭▭▭ ▭▭ ▭▭▭ ▭▭▭▭ ▭▭▭ ▭▭ ▭▭▭▭ ▭▭▭ ▭▭ ▭▭▭ ▭▭▭▭ ▭▭ ▭▭▭ ▭▭ ▭▭▭▭ ▭▭▭ ▭▭ ▭▭▭▭ ▭▭▭ ▭▭ ▭▭▭ ▭▭▭▭▭ ▭▭ ▭▭▭ ▭▭▭▭ ▭▭ ▭▭▭ ▭▭▭▭ ▭▭▭ ▭▭ ▭▭▭▭ ▭▭▭ ▭▭ ▭▭▭ ▭▭▭▭ ▭▭ ▭▭▭ ▭▭ ▭▭▭▭ ▭▭▭ ▭▭ ▭▭▭▭ ▭▭▭ ▭▭ ▭▭▭ ▭▭▭▭▭ ▭▭ ▭▭▭ ▭▭▭▭ ▭▭ ▭▭▭ ▭▭▭▭ ▭▭▭ ▭▭ ▭▭▭▭ ▭▭▭ ▭▭ ▭▭▭ ▭▭▭▭ ▭▭ ▭▭▭ ▭▭ ▭▭▭▭ ▭▭▭ ▭▭ ▭▭▭▭ ▭▭▭ ▭▭ ▭▭▭ ▭▭▭▭▭ ▭▭ ▭▭▭ ▭▭▭▭ ▭▭ ▭▭▭ ▭▭▭▭ ▭▭▭ ▭▭ ▭▭▭▭ ▭▭▭ ▭▭ ▭▭▭ ▭▭▭▭ ▭▭ ▭▭▭ ▭▭ ▭▭▭▭ ▭▭▭ ▭▭ ▭▭▭▭ ▭▭▭ ▭▭ ▭▭▭ ▭▭▭▭▭ ▭▭ ▭▭▭ ▭▭▭▭ ▭▭ ▭▭▭ ▭▭▭▭ ▭▭▭ ▭▭ ▭▭▭▭ ▭▭▭ ▭▭ ▭▭▭ ▭▭▭▭ ▭▭ ▭▭▭ ▭▭ ▭▭▭▭ ▭▭▭ ▭▭ ▭▭▭▭ ▭▭▭ ▭▭ ▭▭▭ ▭▭▭▭▭ ▭▭ ▭▭▭ ▭▭▭▭ ▭▭ ▭▭▭ ▭▭▭▭ ▭▭▭ ▭▭ ▭▭▭▭ ▭▭▭ ▭▭ ▭▭▭ ▭▭▭▭ ▭▭ ▭▭▭ ▭▭ ▭▭▭▭ ▭▭▭ ▭▭ ▭▭▭▭ ▭▭▭ ▭▭ ▭▭▭ ▭▭▭▭▭ ▭▭ ▭▭▭ ▭▭▭▭ ▭▭ ▭▭▭ ▭▭▭▭ ▭▭▭ ▭▭ ▭▭▭▭ ▭▭▭ ▭▭ ▭▭▭ ▭▭▭▭ ▭▭ ▭▭▭ ▭▭ ▭▭▭▭ ▭▭▭ ▭▭ ▭▭▭▭ ▭▭▭ ▭▭ ▭▭▭ ▭▭▭▭▭ ▭▭ ▭▭▭ ▭▭▭▭ ▭▭ ▭▭▭ ▭▭▭▭ ▭▭▭ ▭▭ ▭▭▭▭ ▭▭▭ ▭▭ ▭▭▭ ▭▭▭▭ ▭▭ ▭▭▭ ▭▭ ▭▭▭▭ ▭▭▭ ▭▭ ▭▭▭▭ ▭▭▭ ▭▭ ▭▭▭ ▭▭▭▭▭ ▭▭ ▭▭▭ ▭▭▭▭ ▭▭ ▭▭▭ ▭▭▭▭ ▭▭▭ ▭▭ ▭▭▭▭ ▭▭▭ ▭▭ ▭▭▭ ▭▭▭▭ ▭▭ ▭▭▭ ▭▭ ▭▭▭▭ ▭▭▭ ▭▭ ▭▭▭▭ ▭▭▭ ▭▭ ▭▭▭ ▭▭▭▭▭ ▭▭ ▭▭▭ ▭▭▭▭ ▭▭ ▭▭▭ ▭▭▭▭ ▭▭▭ ▭▭ ▭▭▭▭ ▭▭▭ ▭▭ ▭▭▭ ▭▭▭▭ ▭▭ ▭▭▭ ▭▭ ▭▭▭▭ ▭▭▭ ▭▭ ▭▭▭▭ ▭▭▭ ▭▭ ▭▭▭ ▭▭▭▭▭ ▭▭ ▭▭▭ ▭▭▭▭ ▭▭ ▭▭▭ ▭▭▭▭ ▭▭▭ ▭▭ ▭▭▭▭ ▭▭▭ ▭▭ ▭▭▭ ▭▭▭▭ ▭▭ ▭▭▭ ▭▭ ▭▭▭▭ ▭▭▭ ▭▭ ▭▭▭▭ ▭▭▭ ▭▭ ▭▭▭ ▭▭▭▭▭ ▭▭ ▭▭▭ ▭▭▭▭ ▭▭ ▭▭▭ ▭▭▭▭ ▭▭▭ ▭▭ ▭▭▭▭ ▭▭▭ ▭▭ ▭▭▭ ▭▭▭▭ ▭▭ ▭▭▭ ▭▭ ▭▭▭▭ ▭▭▭ ▭▭ ▭▭▭▭ ▭▭▭ ▭▭ ▭▭▭ ▭▭▭▭▭ ▭▭ ▭▭▭ ▭▭▭▭ ▭▭ ▭▭▭ ▭▭▭▭ ▭▭▭ ▭▭ ▭▭▭▭ ▭▭▭ ▭▭ ▭▭▭ ▭▭▭▭ ▭▭ ▭▭▭ ▭▭ ▭▭▭▭ ▭▭▭ ▭▭ ▭▭▭▭ ▭▭▭ ▭▭ ▭▭▭ ▭▭▭▭▭ ▭▭ ▭▭▭ ▭▭▭▭ ▭▭ ▭▭▭ ▭▭▭▭ ▭▭▭ ▭▭ ▭▭▭▭ ▭▭▭ ▭▭ ▭▭▭ ▭▭▭▭ ▭▭ ▭▭▭ ▭▭ ▭▭▭▭ ▭▭▭ ▭▭ ▭▭▭▭ ▭▭▭ ▭▭ ▭▭▭ ▭▭▭▭▭

শহীদদের স্বপ্নপূরণ

নিজস্ব প্রতিবেদক — শহীদদের স্বপ্নপূরণে কাজ করার প্রত্যয়। ▭▭▭ ▭▭ ▭▭▭▭ ▭▭▭ ▭▭ ▭▭▭ ▭▭▭▭▭ ▭▭ ▭▭▭ ▭▭▭▭ ▭▭ ▭▭▭ ▭▭▭▭ ▭▭▭ ▭▭ ▭▭▭▭ ▭▭▭ ▭▭ ▭▭▭ ▭▭▭▭ ▭▭ ▭▭▭ ▭▭ ▭▭▭▭ ▭▭▭ ▭▭ ▭▭▭▭ ▭▭▭ ▭▭ ▭▭▭ ▭▭▭▭▭ ▭▭ ▭▭▭ ▭▭▭▭ ▭▭ ▭▭▭ ▭▭▭▭ ▭▭▭ ▭▭ ▭▭▭▭ ▭▭▭ ▭▭ ▭▭▭ ▭▭▭▭ ▭▭ ▭▭▭ ▭▭ ▭▭▭▭ ▭▭▭ ▭▭ ▭▭▭▭ ▭▭▭ ▭▭ ▭▭▭ ▭▭▭▭▭ ▭▭ ▭▭▭ ▭▭▭▭ ▭▭ ▭▭▭ ▭▭▭▭ ▭▭▭ ▭▭ ▭▭▭▭ ▭▭▭ ▭▭ ▭▭▭ ▭▭▭▭ ▭▭ ▭▭▭ ▭▭ ▭▭▭▭ ▭▭▭ ▭▭ ▭▭▭▭ ▭▭▭ ▭▭ ▭▭▭ ▭▭▭▭▭ ▭▭ ▭▭▭ ▭▭▭▭ ▭▭ ▭▭▭ ▭▭▭▭ ▭▭▭ ▭▭ ▭▭▭▭ ▭▭▭ ▭▭ ▭▭▭ ▭▭▭▭ ▭▭ ▭▭▭ ▭▭ ▭▭▭▭ ▭▭▭ ▭▭ ▭▭▭▭ ▭▭▭ ▭▭ ▭▭▭ ▭▭▭▭▭ ▭▭ ▭▭▭ ▭▭▭▭ ▭▭ ▭▭▭ ▭▭▭▭ ▭▭▭ ▭▭ ▭▭▭▭ ▭▭▭ ▭▭ ▭▭▭ ▭▭▭▭ ▭▭ ▭▭▭ ▭▭ ▭▭▭▭ ▭▭▭ ▭▭ ▭▭▭▭ ▭▭▭ ▭▭ ▭▭▭ ▭▭▭▭▭ ▭▭ ▭▭▭ ▭▭▭▭ ▭▭ ▭▭▭ ▭▭▭▭ ▭▭▭ ▭▭ ▭▭▭▭ ▭▭▭ ▭▭ ▭▭▭ ▭▭▭▭ ▭▭ ▭▭▭ ▭▭ ▭▭▭▭ ▭▭▭ ▭▭ ▭▭▭▭ ▭▭▭ ▭▭ ▭▭▭ ▭▭▭▭▭ ▭▭ ▭▭▭ ▭▭▭▭ ▭▭ ▭▭▭ ▭▭▭▭ ▭▭▭ ▭▭ ▭▭▭▭ ▭▭▭ ▭▭ ▭▭▭ ▭▭▭▭ ▭▭ ▭▭▭ ▭▭ ▭▭▭▭ ▭▭▭ ▭▭ ▭▭▭▭ ▭▭▭ ▭▭ ▭▭▭ ▭▭▭▭▭ ▭▭ ▭▭▭ ▭▭▭▭ ▭▭ ▭▭▭ ▭▭▭▭ ▭▭▭ ▭▭ ▭▭▭▭ ▭▭▭ ▭▭ ▭▭▭ ▭▭▭▭ ▭▭ ▭▭▭ ▭▭ ▭▭▭▭ ▭▭▭ ▭▭ ▭▭▭▭ ▭▭▭ ▭▭ ▭▭▭ ▭▭▭▭▭ ▭▭ ▭▭▭ ▭▭▭▭ ▭▭ ▭▭▭ ▭▭▭▭ ▭▭▭ ▭▭ ▭▭▭▭ ▭▭▭ ▭▭ ▭▭▭ ▭▭▭▭ ▭▭ ▭▭▭ ▭▭ ▭▭▭▭ ▭▭▭ ▭▭ ▭▭▭▭ ▭▭▭ ▭▭ ▭▭▭ ▭▭▭▭▭ ▭▭ ▭▭▭ ▭▭▭▭ ▭▭ ▭▭▭ ▭▭▭▭ ▭▭▭ ▭▭ ▭▭▭▭ ▭▭▭ ▭▭ ▭▭▭ ▭▭▭▭ ▭▭ ▭▭▭ ▭▭ ▭▭▭▭ ▭▭▭ ▭▭ ▭▭▭▭ ▭▭▭ ▭▭ ▭▭▭ ▭▭▭▭▭ ▭▭ ▭▭▭ ▭▭▭▭ ▭▭ ▭▭▭ ▭▭▭▭ ▭▭▭ ▭▭ ▭▭▭▭ ▭▭▭ ▭▭ ▭▭▭ ▭▭▭▭ ▭▭ ▭▭▭ ▭▭ ▭▭▭▭ ▭▭▭ ▭▭ ▭▭▭▭ ▭▭▭ ▭▭ ▭▭▭ ▭▭▭▭▭ ▭▭ ▭▭▭ ▭▭▭▭ ▭▭ ▭▭▭ ▭▭▭▭ ▭▭▭ ▭▭ ▭▭▭▭ ▭▭▭ ▭▭ ▭▭▭ ▭▭▭▭ ▭▭ ▭▭▭ ▭▭ ▭▭▭▭ ▭▭▭ ▭▭ ▭▭▭▭ ▭▭▭ ▭▭ ▭▭▭ ▭▭▭▭▭ ▭▭ ▭▭▭ ▭▭▭▭ ▭▭ ▭▭▭ ▭▭▭▭ ▭▭▭ ▭▭ ▭▭▭▭ ▭▭▭ ▭▭ ▭▭▭ ▭▭▭▭ ▭▭ ▭▭▭ ▭▭ ▭▭▭▭ ▭▭▭ ▭▭ ▭▭▭▭ ▭▭▭ ▭▭ ▭▭▭ ▭▭▭▭▭ ▭▭ ▭▭▭ ▭▭▭▭ ▭▭ ▭▭▭ ▭▭▭▭ ▭▭▭ ▭▭ ▭▭▭▭ ▭▭▭ ▭▭ ▭▭▭ ▭▭▭▭ ▭▭ ▭▭▭ ▭▭ ▭▭▭▭ ▭▭▭ ▭▭ ▭▭▭▭ ▭▭▭ ▭▭ ▭▭▭ ▭▭▭▭▭ ▭▭ ▭▭▭ ▭▭▭▭ ▭▭ ▭▭▭ ▭▭▭▭ ▭▭▭ ▭▭ ▭▭▭▭ ▭▭▭ ▭▭ ▭▭▭ ▭▭▭▭ ▭▭ ▭▭▭ ▭▭ ▭▭▭▭ ▭▭▭ ▭▭ ▭▭▭▭ ▭▭▭ ▭▭ ▭▭▭ ▭▭▭▭▭ ▭▭ ▭▭▭ ▭▭▭▭ ▭▭ ▭▭▭ ▭▭▭▭ ▭▭▭ ▭▭ ▭▭▭▭ ▭▭▭ ▭▭ ▭▭▭ ▭▭▭▭ ▭▭ ▭▭▭ ▭▭ ▭▭▭▭ ▭▭▭ ▭▭ ▭▭▭▭ ▭▭▭ ▭▭ ▭▭▭ ▭▭▭▭▭

ফেল-এইচএসসিস্থি

নিজস্ব প্রতিবেদক — পরীক্ষার ফলাফল নিয়ে বিশ্লেষণ। ▭▭▭ ▭▭ ▭▭▭▭ ▭▭▭ ▭▭ ▭▭▭ ▭▭▭▭▭ ▭▭ ▭▭▭ ▭▭▭▭ ▭▭ ▭▭▭ ▭▭▭▭ ▭▭▭ ▭▭ ▭▭▭▭ ▭▭▭ ▭▭ ▭▭▭ ▭▭▭▭ ▭▭ ▭▭▭ ▭▭ ▭▭▭▭ ▭▭▭ ▭▭ ▭▭▭▭ ▭▭▭ ▭▭ ▭▭▭ ▭▭▭▭▭ ▭▭ ▭▭▭ ▭▭▭▭ ▭▭ ▭▭▭ ▭▭▭▭ ▭▭▭ ▭▭ ▭▭▭▭ ▭▭▭ ▭▭ ▭▭▭ ▭▭▭▭ ▭▭ ▭▭▭ ▭▭ ▭▭▭▭ ▭▭▭ ▭▭ ▭▭▭▭ ▭▭▭ ▭▭ ▭▭▭ ▭▭▭▭▭ ▭▭ ▭▭▭ ▭▭▭▭ ▭▭ ▭▭▭ ▭▭▭▭ ▭▭▭ ▭▭ ▭▭▭▭ ▭▭▭ ▭▭ ▭▭▭ ▭▭▭▭ ▭▭ ▭▭▭ ▭▭ ▭▭▭▭ ▭▭▭ ▭▭ ▭▭▭▭ ▭▭▭ ▭▭ ▭▭▭ ▭▭▭▭▭ ▭▭ ▭▭▭ ▭▭▭▭ ▭▭ ▭▭▭ ▭▭▭▭ ▭▭▭ ▭▭ ▭▭▭▭ ▭▭▭ ▭▭ ▭▭▭ ▭▭▭▭ ▭▭ ▭▭▭ ▭▭ ▭▭▭▭ ▭▭▭ ▭▭ ▭▭▭▭ ▭▭▭ ▭▭ ▭▭▭ ▭▭▭▭▭ ▭▭ ▭▭▭ ▭▭▭▭ ▭▭ ▭▭▭ ▭▭▭▭ ▭▭▭ ▭▭ ▭▭▭▭ ▭▭▭ ▭▭ ▭▭▭ ▭▭▭▭ ▭▭ ▭▭▭ ▭▭ ▭▭▭▭ ▭▭▭ ▭▭ ▭▭▭▭ ▭▭▭ ▭▭ ▭▭▭ ▭▭▭▭▭ ▭▭ ▭▭▭ ▭▭▭▭ ▭▭ ▭▭▭ ▭▭▭▭ ▭▭▭ ▭▭ ▭▭▭▭ ▭▭▭ ▭▭ ▭▭▭ ▭▭▭▭ ▭▭ ▭▭▭ ▭▭ ▭▭▭▭ ▭▭▭ ▭▭ ▭▭▭▭ ▭▭▭ ▭▭ ▭▭▭ ▭▭▭▭▭ ▭▭ ▭▭▭ ▭▭▭▭ ▭▭ ▭▭▭ ▭▭▭▭ ▭▭▭ ▭▭ ▭▭▭▭ ▭▭▭ ▭▭ ▭▭▭ ▭▭▭▭ ▭▭ ▭▭▭ ▭▭ ▭▭▭▭ ▭▭▭ ▭▭ ▭▭▭▭ ▭▭▭ ▭▭ ▭▭▭ ▭▭▭▭▭ ▭▭ ▭▭▭ ▭▭▭▭ ▭▭ ▭▭▭ ▭▭▭▭ ▭▭▭ ▭▭ ▭▭▭▭ ▭▭▭ ▭▭ ▭▭▭ ▭▭▭▭ ▭▭ ▭▭▭ ▭▭ ▭▭▭▭ ▭▭▭ ▭▭ ▭▭▭▭ ▭▭▭ ▭▭ ▭▭▭ ▭▭▭▭▭ ▭▭ ▭▭▭ ▭▭▭▭ ▭▭ ▭▭▭ ▭▭▭▭ ▭▭▭ ▭▭ ▭▭▭▭ ▭▭▭ ▭▭ ▭▭▭ ▭▭▭▭ ▭▭ ▭▭▭ ▭▭ ▭▭▭▭ ▭▭▭ ▭▭ ▭▭▭▭ ▭▭▭ ▭▭ ▭▭▭ ▭▭▭▭▭ ▭▭ ▭▭▭ ▭▭▭▭ ▭▭ ▭▭▭ ▭▭▭▭ ▭▭▭ ▭▭ ▭▭▭▭ ▭▭▭ ▭▭ ▭▭▭ ▭▭▭▭ ▭▭ ▭▭▭ ▭▭ ▭▭▭▭ ▭▭▭ ▭▭ ▭▭▭▭ ▭▭▭ ▭▭ ▭▭▭ ▭▭▭▭▭ ▭▭ ▭▭▭ ▭▭▭▭ ▭▭ ▭▭▭ ▭▭▭▭ ▭▭▭ ▭▭ ▭▭▭▭ ▭▭▭ ▭▭ ▭▭▭ ▭▭▭▭ ▭▭ ▭▭▭ ▭▭ ▭▭▭▭ ▭▭▭ ▭▭ ▭▭▭▭ ▭▭▭ ▭▭ ▭▭▭ ▭▭▭▭▭ ▭▭ ▭▭▭ ▭▭▭▭ ▭▭ ▭▭▭ ▭▭▭▭ ▭▭▭ ▭▭ ▭▭▭▭ ▭▭▭ ▭▭ ▭▭▭ ▭▭▭▭ ▭▭ ▭▭▭ ▭▭ ▭▭▭▭ ▭▭▭ ▭▭ ▭▭▭▭ ▭▭▭ ▭▭ ▭▭▭ ▭▭▭▭▭ ▭▭ ▭▭▭ ▭▭▭▭ ▭▭ ▭▭▭ ▭▭▭▭ ▭▭▭ ▭▭ ▭▭▭▭ ▭▭▭ ▭▭ ▭▭▭ ▭▭▭▭ ▭▭ ▭▭▭ ▭▭ ▭▭▭▭ ▭▭▭ ▭▭ ▭▭▭▭ ▭▭▭ ▭▭ ▭▭▭ ▭▭▭▭▭ ▭▭ ▭▭▭ ▭▭▭▭ ▭▭ ▭▭▭ ▭▭▭▭ ▭▭▭ ▭▭ ▭▭▭▭ ▭▭▭ ▭▭ ▭▭▭ ▭▭▭▭ ▭▭ ▭▭▭ ▭▭ ▭▭▭▭ ▭▭▭ ▭▭ ▭▭▭▭ ▭▭▭ ▭▭ ▭▭▭ ▭▭▭▭▭ ▭▭ ▭▭▭ ▭▭▭▭ ▭▭ ▭▭▭ ▭▭▭▭ ▭▭▭ ▭▭ ▭▭▭▭ ▭▭▭ ▭▭ ▭▭▭ ▭▭▭▭ ▭▭ ▭▭▭ ▭▭ ▭▭▭▭ ▭▭▭ ▭▭ ▭▭▭▭ ▭▭▭ ▭▭ ▭▭▭ ▭▭▭▭▭ ▭▭ ▭▭▭ ▭▭▭▭ ▭▭ ▭▭▭ ▭▭▭▭ ▭▭▭ ▭▭ ▭▭▭▭ ▭▭▭ ▭▭ ▭▭▭ ▭▭▭▭ ▭▭ ▭▭▭ ▭▭ ▭▭▭▭ ▭▭▭ ▭▭ ▭▭▭▭ ▭▭▭ ▭▭ ▭▭▭ ▭▭▭▭▭

পাহাড়ি শিক্ষার্থীদের ওপর

নিজস্ব প্রতিবেদক — পাহাড়ি শিক্ষার্থীদের ওপর হামলার প্রতিবাদ। ▭▭▭ ▭▭ ▭▭▭▭ ▭▭▭ ▭▭ ▭▭▭ ▭▭▭▭▭ ▭▭ ▭▭▭ ▭▭▭▭ ▭▭ ▭▭▭ ▭▭▭▭ ▭▭▭ ▭▭ ▭▭▭▭ ▭▭▭ ▭▭ ▭▭▭ ▭▭▭▭ ▭▭ ▭▭▭ ▭▭ ▭▭▭▭ ▭▭▭ ▭▭ ▭▭▭▭ ▭▭▭ ▭▭ ▭▭▭ ▭▭▭▭▭ ▭▭ ▭▭▭ ▭▭▭▭ ▭▭ ▭▭▭ ▭▭▭▭ ▭▭▭ ▭▭ ▭▭▭▭ ▭▭▭ ▭▭ ▭▭▭ ▭▭▭▭ ▭▭ ▭▭▭ ▭▭ ▭▭▭▭ ▭▭▭ ▭▭ ▭▭▭▭ ▭▭▭ ▭▭ ▭▭▭ ▭▭▭▭▭ ▭▭ ▭▭▭ ▭▭▭▭ ▭▭ ▭▭▭ ▭▭▭▭ ▭▭▭ ▭▭ ▭▭▭▭ ▭▭▭ ▭▭ ▭▭▭ ▭▭▭▭ ▭▭ ▭▭▭ ▭▭ ▭▭▭▭ ▭▭▭ ▭▭ ▭▭▭▭ ▭▭▭ ▭▭ ▭▭▭ ▭▭▭▭▭ ▭▭ ▭▭▭ ▭▭▭▭ ▭▭ ▭▭▭ ▭▭▭▭ ▭▭▭ ▭▭ ▭▭▭▭ ▭▭▭ ▭▭ ▭▭▭ ▭▭▭▭ ▭▭ ▭▭▭ ▭▭ ▭▭▭▭ ▭▭▭ ▭▭ ▭▭▭▭ ▭▭▭ ▭▭ ▭▭▭ ▭▭▭▭▭ ▭▭ ▭▭▭ ▭▭▭▭ ▭▭ ▭▭▭ ▭▭▭▭ ▭▭▭ ▭▭ ▭▭▭▭ ▭▭▭ ▭▭ ▭▭▭ ▭▭▭▭ ▭▭ ▭▭▭ ▭▭ ▭▭▭▭ ▭▭▭ ▭▭ ▭▭▭▭ ▭▭▭ ▭▭ ▭▭▭ ▭▭▭▭▭ ▭▭ ▭▭▭ ▭▭▭▭ ▭▭ ▭▭▭ ▭▭▭▭ ▭▭▭ ▭▭ ▭▭▭▭ ▭▭▭ ▭▭ ▭▭▭ ▭▭▭▭ ▭▭ ▭▭▭ ▭▭ ▭▭▭▭ ▭▭▭ ▭▭ ▭▭▭▭ ▭▭▭ ▭▭ ▭▭▭ ▭▭▭▭▭ ▭▭ ▭▭▭ ▭▭▭▭ ▭▭ ▭▭▭ ▭▭▭▭ ▭▭▭ ▭▭ ▭▭▭▭ ▭▭▭ ▭▭ ▭▭▭ ▭▭▭▭ ▭▭ ▭▭▭ ▭▭ ▭▭▭▭ ▭▭▭ ▭▭ ▭▭▭▭ ▭▭▭ ▭▭ ▭▭▭ ▭▭▭▭▭ ▭▭ ▭▭▭ ▭▭▭▭ ▭▭ ▭▭▭ ▭▭▭▭ ▭▭▭ ▭▭ ▭▭▭▭ ▭▭▭ ▭▭ ▭▭▭ ▭▭▭▭ ▭▭ ▭▭▭ ▭▭ ▭▭▭▭ ▭▭▭ ▭▭ ▭▭▭▭ ▭▭▭ ▭▭ ▭▭▭ ▭▭▭▭▭ ▭▭ ▭▭▭ ▭▭▭▭ ▭▭ ▭▭▭ ▭▭▭▭ ▭▭▭ ▭▭ ▭▭▭▭ ▭▭▭ ▭▭ ▭▭▭ ▭▭▭▭ ▭▭ ▭▭▭ ▭▭ ▭▭▭▭ ▭▭▭ ▭▭ ▭▭▭▭ ▭▭▭ ▭▭ ▭▭▭ ▭▭▭▭▭ ▭▭ ▭▭▭ ▭▭▭▭ ▭▭ ▭▭▭ ▭▭▭▭ ▭▭▭ ▭▭ ▭▭▭▭ ▭▭▭ ▭▭ ▭▭▭ ▭▭▭▭ ▭▭ ▭▭▭ ▭▭ ▭▭▭▭ ▭▭▭ ▭▭ ▭▭▭▭ ▭▭▭ ▭▭ ▭▭▭ ▭▭▭▭▭ ▭▭ ▭▭▭ ▭▭▭▭ ▭▭ ▭▭▭ ▭▭▭▭ ▭▭▭ ▭▭ ▭▭▭▭ ▭▭▭ ▭▭ ▭▭▭ ▭▭▭▭ ▭▭ ▭▭▭ ▭▭ ▭▭▭▭ ▭▭▭ ▭▭ ▭▭▭▭ ▭▭▭ ▭▭ ▭▭▭ ▭▭▭▭▭ ▭▭ ▭▭▭ ▭▭▭▭ ▭▭ ▭▭▭ ▭▭▭▭ ▭▭▭ ▭▭ ▭▭▭▭ ▭▭▭ ▭▭ ▭▭▭ ▭▭▭▭ ▭▭ ▭▭▭ ▭▭ ▭▭▭▭ ▭▭▭ ▭▭ ▭▭▭▭ ▭▭▭ ▭▭ ▭▭▭ ▭▭▭▭▭ ▭▭ ▭▭▭ ▭▭▭▭ ▭▭ ▭▭▭ ▭▭▭▭ ▭▭▭ ▭▭ ▭▭▭▭ ▭▭▭ ▭▭ ▭▭▭ ▭▭▭▭ ▭▭ ▭▭▭ ▭▭ ▭▭▭▭ ▭▭▭ ▭▭ ▭▭▭▭ ▭▭▭ ▭▭ ▭▭▭ ▭▭▭▭▭ ▭▭ ▭▭▭ ▭▭▭▭ ▭▭ ▭▭▭ ▭▭▭▭ ▭▭▭ ▭▭ ▭▭▭▭ ▭▭▭ ▭▭ ▭▭▭ ▭▭▭▭ ▭▭ ▭▭▭ ▭▭ ▭▭▭▭ ▭▭▭ ▭▭ ▭▭▭▭ ▭▭▭ ▭▭ ▭▭▭ ▭▭▭▭▭ ▭▭ ▭▭▭ ▭▭▭▭ ▭▭ ▭▭▭ ▭▭▭▭ ▭▭▭ ▭▭ ▭▭▭▭ ▭▭▭ ▭▭ ▭▭▭ ▭▭▭▭ ▭▭ ▭▭▭ ▭▭ ▭▭▭▭ ▭▭▭ ▭▭ ▭▭▭▭ ▭▭▭ ▭▭ ▭▭▭ ▭▭▭▭▭ ▭▭ ▭▭▭ ▭▭▭▭ ▭▭ ▭▭▭ ▭▭▭▭ ▭▭▭ ▭▭ ▭▭▭▭ ▭▭▭ ▭▭ ▭▭▭ ▭▭▭▭ ▭▭ ▭▭▭ ▭▭ ▭▭▭▭ ▭▭▭ ▭▭ ▭▭▭▭ ▭▭▭ ▭▭ ▭▭▭ ▭▭▭▭▭

ডাট তত্তারার না করলে

নিজস্ব প্রতিবেদক — বিভিন্ন বিষয়ে আলোচনা। ▭▭▭ ▭▭ ▭▭▭▭ ▭▭▭ ▭▭ ▭▭▭ ▭▭▭▭▭ ▭▭ ▭▭▭ ▭▭▭▭ ▭▭ ▭▭▭ ▭▭▭▭ ▭▭▭ ▭▭ ▭▭▭▭ ▭▭▭ ▭▭ ▭▭▭ ▭▭▭▭ ▭▭ ▭▭▭ ▭▭ ▭▭▭▭ ▭▭▭ ▭▭ ▭▭▭▭ ▭▭▭ ▭▭ ▭▭▭ ▭▭▭▭▭ ▭▭ ▭▭▭ ▭▭▭▭ ▭▭ ▭▭▭ ▭▭▭▭ ▭▭▭ ▭▭ ▭▭▭▭ ▭▭▭ ▭▭ ▭▭▭ ▭▭▭▭ ▭▭ ▭▭▭ ▭▭ ▭▭▭▭ ▭▭▭ ▭▭ ▭▭▭▭ ▭▭▭ ▭▭ ▭▭▭ ▭▭▭▭▭ ▭▭ ▭▭▭ ▭▭▭▭ ▭▭ ▭▭▭ ▭▭▭▭ ▭▭▭ ▭▭ ▭▭▭▭ ▭▭▭ ▭▭ ▭▭▭ ▭▭▭▭ ▭▭ ▭▭▭ ▭▭ ▭▭▭▭ ▭▭▭ ▭▭ ▭▭▭▭ ▭▭▭ ▭▭ ▭▭▭ ▭▭▭▭▭ ▭▭ ▭▭▭ ▭▭▭▭ ▭▭ ▭▭▭ ▭▭▭▭ ▭▭▭ ▭▭ ▭▭▭▭ ▭▭▭ ▭▭ ▭▭▭ ▭▭▭▭ ▭▭ ▭▭▭ ▭▭ ▭▭▭▭ ▭▭▭ ▭▭ ▭▭▭▭ ▭▭▭ ▭▭ ▭▭▭ ▭▭▭▭▭ ▭▭ ▭▭▭ ▭▭▭▭ ▭▭ ▭▭▭ ▭▭▭▭ ▭▭▭ ▭▭ ▭▭▭▭ ▭▭▭ ▭▭ ▭▭▭ ▭▭▭▭ ▭▭ ▭▭▭ ▭▭ ▭▭▭▭ ▭▭▭ ▭▭ ▭▭▭▭ ▭▭▭ ▭▭ ▭▭▭ ▭▭▭▭▭ ▭▭ ▭▭▭ ▭▭▭▭ ▭▭ ▭▭▭ ▭▭▭▭ ▭▭▭ ▭▭ ▭▭▭▭ ▭▭▭ ▭▭ ▭▭▭ ▭▭▭▭ ▭▭ ▭▭▭ ▭▭ ▭▭▭▭ ▭▭▭ ▭▭ ▭▭▭▭ ▭▭▭ ▭▭ ▭▭▭ ▭▭▭▭▭ ▭▭ ▭▭▭ ▭▭▭▭ ▭▭ ▭▭▭ ▭▭▭▭ ▭▭▭ ▭▭ ▭▭▭▭ ▭▭▭ ▭▭ ▭▭▭ ▭▭▭▭ ▭▭ ▭▭▭ ▭▭ ▭▭▭▭ ▭▭▭ ▭▭ ▭▭▭▭ ▭▭▭ ▭▭ ▭▭▭ ▭▭▭▭▭ ▭▭ ▭▭▭ ▭▭▭▭ ▭▭ ▭▭▭ ▭▭▭▭ ▭▭▭ ▭▭ ▭▭▭▭ ▭▭▭ ▭▭ ▭▭▭ ▭▭▭▭ ▭▭ ▭▭▭ ▭▭ ▭▭▭▭ ▭▭▭ ▭▭ ▭▭▭▭ ▭▭▭ ▭▭ ▭▭▭ ▭▭▭▭▭ ▭▭ ▭▭▭ ▭▭▭▭ ▭▭ ▭▭▭ ▭▭▭▭ ▭▭▭ ▭▭ ▭▭▭▭ ▭▭▭ ▭▭ ▭▭▭ ▭▭▭▭ ▭▭ ▭▭▭ ▭▭ ▭▭▭▭ ▭▭▭ ▭▭ ▭▭▭▭ ▭▭▭ ▭▭ ▭▭▭ ▭▭▭▭▭ ▭▭ ▭▭▭ ▭▭▭▭ ▭▭ ▭▭▭ ▭▭▭▭ ▭▭▭ ▭▭ ▭▭▭▭ ▭▭▭ ▭▭ ▭▭▭ ▭▭▭▭ ▭▭ ▭▭▭ ▭▭ ▭▭▭▭ ▭▭▭ ▭▭ ▭▭▭▭ ▭▭▭ ▭▭ ▭▭▭ ▭▭▭▭▭ ▭▭ ▭▭▭ ▭▭▭▭ ▭▭ ▭▭▭ ▭▭▭▭ ▭▭▭ ▭▭ ▭▭▭▭ ▭▭▭ ▭▭ ▭▭▭ ▭▭▭▭ ▭▭ ▭▭▭ ▭▭ ▭▭▭▭ ▭▭▭ ▭▭ ▭▭▭▭ ▭▭▭ ▭▭ ▭▭▭ ▭▭▭▭▭ ▭▭ ▭▭▭ ▭▭▭▭ ▭▭ ▭▭▭ ▭▭▭▭ ▭▭▭ ▭▭ ▭▭▭▭ ▭▭▭ ▭▭ ▭▭▭ ▭▭▭▭ ▭▭ ▭▭▭ ▭▭ ▭▭▭▭ ▭▭▭ ▭▭ ▭▭▭▭ ▭▭▭ ▭▭ ▭▭▭ ▭▭▭▭▭ ▭▭ ▭▭▭ ▭▭▭▭ ▭▭ ▭▭▭ ▭▭▭▭ ▭▭▭ ▭▭ ▭▭▭▭ ▭▭▭ ▭▭ ▭▭▭ ▭▭▭▭ ▭▭ ▭▭▭ ▭▭ ▭▭▭▭ ▭▭▭ ▭▭ ▭▭▭▭ ▭▭▭ ▭▭ ▭▭▭ ▭▭▭▭▭ ▭▭ ▭▭▭ ▭▭▭▭ ▭▭ ▭▭▭ ▭▭▭▭ ▭▭▭ ▭▭ ▭▭▭▭ ▭▭▭ ▭▭ ▭▭▭ ▭▭▭▭ ▭▭ ▭▭▭ ▭▭ ▭▭▭▭ ▭▭▭ ▭▭ ▭▭▭▭ ▭▭▭ ▭▭ ▭▭▭ ▭▭▭▭▭ ▭▭ ▭▭▭ ▭▭▭▭ ▭▭ ▭▭▭ ▭▭▭▭ ▭▭▭ ▭▭ ▭▭▭▭ ▭▭▭ ▭▭ ▭▭▭ ▭▭▭▭ ▭▭ ▭▭▭ ▭▭ ▭▭▭▭ ▭▭▭ ▭▭ ▭▭▭▭ ▭▭▭ ▭▭ ▭▭▭ ▭▭▭▭▭ ▭▭ ▭▭▭ ▭▭▭▭ ▭▭ ▭▭▭ ▭▭▭▭ ▭▭▭ ▭▭ ▭▭▭▭ ▭▭▭ ▭▭ ▭▭▭ ▭▭▭▭ ▭▭ ▭▭▭ ▭▭ ▭▭▭▭ ▭▭▭ ▭▭ ▭▭▭▭ ▭▭▭ ▭▭ ▭▭▭ ▭▭▭▭▭

উইলিসে নিয়ে সমালোচনা

নিজস্ব প্রতিবেদক — বিভিন্ন সমালোচনা। ▭▭▭ ▭▭ ▭▭▭▭ ▭▭▭ ▭▭ ▭▭▭ ▭▭▭▭▭ ▭▭ ▭▭▭ ▭▭▭▭ ▭▭ ▭▭▭ ▭▭▭▭ ▭▭▭ ▭▭ ▭▭▭▭ ▭▭▭ ▭▭ ▭▭▭ ▭▭▭▭ ▭▭ ▭▭▭ ▭▭ ▭▭▭▭ ▭▭▭ ▭▭ ▭▭▭▭ ▭▭▭ ▭▭ ▭▭▭ ▭▭▭▭▭ ▭▭ ▭▭▭ ▭▭▭▭ ▭▭ ▭▭▭ ▭▭▭▭ ▭▭▭ ▭▭ ▭▭▭▭ ▭▭▭ ▭▭ ▭▭▭ ▭▭▭▭ ▭▭ ▭▭▭ ▭▭ ▭▭▭▭ ▭▭▭ ▭▭ ▭▭▭▭ ▭▭▭ ▭▭ ▭▭▭ ▭▭▭▭▭ ▭▭ ▭▭▭ ▭▭▭▭ ▭▭ ▭▭▭ ▭▭▭▭ ▭▭▭ ▭▭ ▭▭▭▭ ▭▭▭ ▭▭ ▭▭▭ ▭▭▭▭ ▭▭ ▭▭▭ ▭▭ ▭▭▭▭ ▭▭▭ ▭▭ ▭▭▭▭ ▭▭▭ ▭▭ ▭▭▭ ▭▭▭▭▭ ▭▭ ▭▭▭ ▭▭▭▭ ▭▭ ▭▭▭ ▭▭▭▭ ▭▭▭ ▭▭ ▭▭▭▭ ▭▭▭ ▭▭ ▭▭▭ ▭▭▭▭ ▭▭ ▭▭▭ ▭▭ ▭▭▭▭ ▭▭▭ ▭▭ ▭▭▭▭ ▭▭▭ ▭▭ ▭▭▭ ▭▭▭▭▭ ▭▭ ▭▭▭ ▭▭▭▭ ▭▭ ▭▭▭ ▭▭▭▭ ▭▭▭ ▭▭ ▭▭▭▭ ▭▭▭ ▭▭ ▭▭▭ ▭▭▭▭ ▭▭ ▭▭▭ ▭▭ ▭▭▭▭ ▭▭▭ ▭▭ ▭▭▭▭ ▭▭▭ ▭▭ ▭▭▭ ▭▭▭▭▭ ▭▭ ▭▭▭ ▭▭▭▭ ▭▭ ▭▭▭ ▭▭▭▭ ▭▭▭ ▭▭ ▭▭▭▭ ▭▭▭ ▭▭ ▭▭▭ ▭▭▭▭ ▭▭ ▭▭▭ ▭▭ ▭▭▭▭ ▭▭▭ ▭▭ ▭▭▭▭ ▭▭▭ ▭▭ ▭▭▭ ▭▭▭▭▭ ▭▭ ▭▭▭ ▭▭▭▭ ▭▭ ▭▭▭ ▭▭▭▭ ▭▭▭ ▭▭ ▭▭▭▭ ▭▭▭ ▭▭ ▭▭▭ ▭▭▭▭ ▭▭ ▭▭▭ ▭▭ ▭▭▭▭ ▭▭▭ ▭▭ ▭▭▭▭ ▭▭▭ ▭▭ ▭▭▭ ▭▭▭▭▭ ▭▭ ▭▭▭ ▭▭▭▭ ▭▭ ▭▭▭ ▭▭▭▭ ▭▭▭ ▭▭ ▭▭▭▭ ▭▭▭ ▭▭ ▭▭▭ ▭▭▭▭ ▭▭ ▭▭▭ ▭▭ ▭▭▭▭ ▭▭▭ ▭▭ ▭▭▭▭ ▭▭▭ ▭▭ ▭▭▭ ▭▭▭▭▭ ▭▭ ▭▭▭ ▭▭▭▭ ▭▭ ▭▭▭ ▭▭▭▭ ▭▭▭ ▭▭ ▭▭▭▭ ▭▭▭ ▭▭ ▭▭▭ ▭▭▭▭ ▭▭ ▭▭▭ ▭▭ ▭▭▭▭ ▭▭▭ ▭▭ ▭▭▭▭ ▭▭▭ ▭▭ ▭▭▭ ▭▭▭▭▭ ▭▭ ▭▭▭ ▭▭▭▭ ▭▭ ▭▭▭ ▭▭▭▭ ▭▭▭ ▭▭ ▭▭▭▭ ▭▭▭ ▭▭ ▭▭▭ ▭▭▭▭ ▭▭ ▭▭▭ ▭▭ ▭▭▭▭ ▭▭▭ ▭▭ ▭▭▭▭ ▭▭▭ ▭▭ ▭▭▭ ▭▭▭▭▭ ▭▭ ▭▭▭ ▭▭▭▭ ▭▭ ▭▭▭ ▭▭▭▭ ▭▭▭ ▭▭ ▭▭▭▭ ▭▭▭ ▭▭ ▭▭▭ ▭▭▭▭ ▭▭ ▭▭▭ ▭▭ ▭▭▭▭ ▭▭▭ ▭▭ ▭▭▭▭ ▭▭▭ ▭▭ ▭▭▭ ▭▭▭▭▭ ▭▭ ▭▭▭ ▭▭▭▭ ▭▭ ▭▭▭ ▭▭▭▭ ▭▭▭ ▭▭ ▭▭▭▭ ▭▭▭ ▭▭ ▭▭▭ ▭▭▭▭ ▭▭ ▭▭▭ ▭▭ ▭▭▭▭ ▭▭▭ ▭▭ ▭▭▭▭ ▭▭▭ ▭▭ ▭▭▭ ▭▭▭▭▭ ▭▭ ▭▭▭ ▭▭▭▭ ▭▭ ▭▭▭ ▭▭▭▭ ▭▭▭ ▭▭ ▭▭▭▭ ▭▭▭ ▭▭ ▭▭▭ ▭▭▭▭ ▭▭ ▭▭▭ ▭▭ ▭▭▭▭ ▭▭▭ ▭▭ ▭▭▭▭ ▭▭▭ ▭▭ ▭▭▭ ▭▭▭▭▭ ▭▭ ▭▭▭ ▭▭▭▭ ▭▭ ▭▭▭ ▭▭▭▭ ▭▭▭ ▭▭ ▭▭▭▭ ▭▭▭ ▭▭ ▭▭▭ ▭▭▭▭ ▭▭ ▭▭▭ ▭▭ ▭▭▭▭ ▭▭▭ ▭▭ ▭▭▭▭ ▭▭▭ ▭▭ ▭▭▭ ▭▭▭▭▭ ▭▭ ▭▭▭ ▭▭▭▭ ▭▭ ▭▭▭ ▭▭▭▭ ▭▭▭ ▭▭ ▭▭▭▭ ▭▭▭ ▭▭ ▭▭▭ ▭▭▭▭ ▭▭ ▭▭▭ ▭▭ ▭▭▭▭ ▭▭▭ ▭▭ ▭▭▭▭ ▭▭▭ ▭▭ ▭▭▭ ▭▭▭▭▭ ▭▭ ▭▭▭ ▭▭▭▭ ▭▭ ▭▭▭ ▭▭▭▭ ▭▭▭ ▭▭ ▭▭▭▭ ▭▭▭ ▭▭ ▭▭▭ ▭▭▭▭ ▭▭ ▭▭▭ ▭▭ ▭▭▭▭ ▭▭▭ ▭▭ ▭▭▭▭ ▭▭▭ ▭▭ ▭▭▭ ▭▭▭▭▭

সংস্কার প্রস্তাব দ্রুত

নিজস্ব প্রতিবেদক — সংস্কার প্রস্তাব জমা দেওয়া হবে। ▭▭▭ ▭▭ ▭▭▭▭ ▭▭▭ ▭▭ ▭▭▭ ▭▭▭▭▭ ▭▭ ▭▭▭ ▭▭▭▭ ▭▭ ▭▭▭ ▭▭▭▭ ▭▭▭ ▭▭ ▭▭▭▭ ▭▭▭ ▭▭ ▭▭▭ ▭▭▭▭ ▭▭ ▭▭▭ ▭▭ ▭▭▭▭ ▭▭▭ ▭▭ ▭▭▭▭ ▭▭▭ ▭▭ ▭▭▭ ▭▭▭▭▭ ▭▭ ▭▭▭ ▭▭▭▭ ▭▭ ▭▭▭ ▭▭▭▭ ▭▭▭ ▭▭ ▭▭▭▭ ▭▭▭ ▭▭ ▭▭▭ ▭▭▭▭ ▭▭ ▭▭▭ ▭▭ ▭▭▭▭ ▭▭▭ ▭▭ ▭▭▭▭ ▭▭▭ ▭▭ ▭▭▭ ▭▭▭▭▭ ▭▭ ▭▭▭ ▭▭▭▭ ▭▭ ▭▭▭ ▭▭▭▭ ▭▭▭ ▭▭ ▭▭▭▭ ▭▭▭ ▭▭ ▭▭▭ ▭▭▭▭ ▭▭ ▭▭▭ ▭▭ ▭▭▭▭ ▭▭▭ ▭▭ ▭▭▭▭ ▭▭▭ ▭▭ ▭▭▭ ▭▭▭▭▭ ▭▭ ▭▭▭ ▭▭▭▭ ▭▭ ▭▭▭ ▭▭▭▭ ▭▭▭ ▭▭ ▭▭▭▭ ▭▭▭ ▭▭ ▭▭▭ ▭▭▭▭ ▭▭ ▭▭▭ ▭▭ ▭▭▭▭ ▭▭▭ ▭▭ ▭▭▭▭ ▭▭▭ ▭▭ ▭▭▭ ▭▭▭▭▭ ▭▭ ▭▭▭ ▭▭▭▭ ▭▭ ▭▭▭ ▭▭▭▭ ▭▭▭ ▭▭ ▭▭▭▭ ▭▭▭ ▭▭ ▭▭▭ ▭▭▭▭ ▭▭ ▭▭▭ ▭▭ ▭▭▭▭ ▭▭▭ ▭▭ ▭▭▭▭ ▭▭▭ ▭▭ ▭▭▭ ▭▭▭▭▭ ▭▭ ▭▭▭ ▭▭▭▭ ▭▭ ▭▭▭ ▭▭▭▭ ▭▭▭ ▭▭ ▭▭▭▭ ▭▭▭ ▭▭ ▭▭▭ ▭▭▭▭ ▭▭ ▭▭▭ ▭▭ ▭▭▭▭ ▭▭▭ ▭▭ ▭▭▭▭ ▭▭▭ ▭▭ ▭▭▭ ▭▭▭▭▭ ▭▭ ▭▭▭ ▭▭▭▭ ▭▭ ▭▭▭ ▭▭▭▭ ▭▭▭ ▭▭ ▭▭▭▭ ▭▭▭ ▭▭ ▭▭▭ ▭▭▭▭ ▭▭ ▭▭▭ ▭▭ ▭▭▭▭ ▭▭▭ ▭▭ ▭▭▭▭ ▭▭▭ ▭▭ ▭▭▭ ▭▭▭▭▭ ▭▭ ▭▭▭ ▭▭▭▭ ▭▭ ▭▭▭ ▭▭▭▭ ▭▭▭ ▭▭ ▭▭▭▭ ▭▭▭ ▭▭ ▭▭▭ ▭▭▭▭ ▭▭ ▭▭▭ ▭▭ ▭▭▭▭ ▭▭▭ ▭▭ ▭▭▭▭ ▭▭▭ ▭▭ ▭▭▭ ▭▭▭▭▭ ▭▭ ▭▭▭ ▭▭▭▭ ▭▭ ▭▭▭ ▭▭▭▭ ▭▭▭ ▭▭ ▭▭▭▭ ▭▭▭ ▭▭ ▭▭▭ ▭▭▭▭ ▭▭ ▭▭▭ ▭▭ ▭▭▭▭ ▭▭▭ ▭▭ ▭▭▭▭ ▭▭▭ ▭▭ ▭▭▭ ▭▭▭▭▭ ▭▭ ▭▭▭ ▭▭▭▭ ▭▭ ▭▭▭ ▭▭▭▭ ▭▭▭ ▭▭ ▭▭▭▭ ▭▭▭ ▭▭ ▭▭▭ ▭▭▭▭ ▭▭ ▭▭▭ ▭▭ ▭▭▭▭ ▭▭▭ ▭▭ ▭▭▭▭ ▭▭▭ ▭▭ ▭▭▭ ▭▭▭▭▭ ▭▭ ▭▭▭ ▭▭▭▭ ▭▭ ▭▭▭ ▭▭▭▭ ▭▭▭ ▭▭ ▭▭▭▭ ▭▭▭ ▭▭ ▭▭▭ ▭▭▭▭ ▭▭ ▭▭▭ ▭▭ ▭▭▭▭ ▭▭▭ ▭▭ ▭▭▭▭ ▭▭▭ ▭▭ ▭▭▭ ▭▭▭▭▭ ▭▭ ▭▭▭ ▭▭▭▭ ▭▭ ▭▭▭ ▭▭▭▭ ▭▭▭ ▭▭ ▭▭▭▭ ▭▭▭ ▭▭ ▭▭▭ ▭▭▭▭ ▭▭ ▭▭▭ ▭▭ ▭▭▭▭ ▭▭▭ ▭▭ ▭▭▭▭ ▭▭▭ ▭▭ ▭▭▭ ▭▭▭▭▭ ▭▭ ▭▭▭ ▭▭▭▭ ▭▭ ▭▭▭ ▭▭▭▭ ▭▭▭ ▭▭ ▭▭▭▭ ▭▭▭ ▭▭ ▭▭▭ ▭▭▭▭ ▭▭ ▭▭▭ ▭▭ ▭▭▭▭ ▭▭▭ ▭▭ ▭▭▭▭ ▭▭▭ ▭▭ ▭▭▭ ▭▭▭▭▭ ▭▭ ▭▭▭ ▭▭▭▭ ▭▭ ▭▭▭ ▭▭▭▭ ▭▭▭ ▭▭ ▭▭▭▭ ▭▭▭ ▭▭ ▭▭▭ ▭▭▭▭ ▭▭ ▭▭▭ ▭▭ ▭▭▭▭ ▭▭▭ ▭▭ ▭▭▭▭ ▭▭▭ ▭▭ ▭▭▭ ▭▭▭▭▭ ▭▭ ▭▭▭ ▭▭▭▭ ▭▭ ▭▭▭ ▭▭▭▭ ▭▭▭ ▭▭ ▭▭▭▭ ▭▭▭ ▭▭ ▭▭▭ ▭▭▭▭ ▭▭ ▭▭▭ ▭▭ ▭▭▭▭ ▭▭▭ ▭▭ ▭▭▭▭ ▭▭▭ ▭▭ ▭▭▭ ▭▭▭▭▭ ▭▭ ▭▭▭ ▭▭▭▭ ▭▭ ▭▭▭ ▭▭▭▭ ▭▭▭ ▭▭ ▭▭▭▭ ▭▭▭ ▭▭ ▭▭▭ ▭▭▭▭ ▭▭ ▭▭▭ ▭▭ ▭▭▭▭ ▭▭▭ ▭▭ ▭▭▭▭ ▭▭▭ ▭▭ ▭▭▭ ▭▭▭▭▭

হত্যাকিন আছি একতা

নিজস্ব প্রতিবেদক — একতার আহ্বান। ▭▭▭ ▭▭ ▭▭▭▭ ▭▭▭ ▭▭ ▭▭▭ ▭▭▭▭▭ ▭▭ ▭▭▭ ▭▭▭▭ ▭▭ ▭▭▭ ▭▭▭▭ ▭▭▭ ▭▭ ▭▭▭▭ ▭▭▭ ▭▭ ▭▭▭ ▭▭▭▭ ▭▭ ▭▭▭ ▭▭ ▭▭▭▭ ▭▭▭ ▭▭ ▭▭▭▭ ▭▭▭ ▭▭ ▭▭▭ ▭▭▭▭▭ ▭▭ ▭▭▭ ▭▭▭▭ ▭▭ ▭▭▭ ▭▭▭▭ ▭▭▭ ▭▭ ▭▭▭▭ ▭▭▭ ▭▭ ▭▭▭ ▭▭▭▭ ▭▭ ▭▭▭ ▭▭ ▭▭▭▭ ▭▭▭ ▭▭ ▭▭▭▭ ▭▭▭ ▭▭ ▭▭▭ ▭▭▭▭▭ ▭▭ ▭▭▭ ▭▭▭▭ ▭▭ ▭▭▭ ▭▭▭▭ ▭▭▭ ▭▭ ▭▭▭▭ ▭▭▭ ▭▭ ▭▭▭ ▭▭▭▭ ▭▭ ▭▭▭ ▭▭ ▭▭▭▭ ▭▭▭ ▭▭ ▭▭▭▭ ▭▭▭ ▭▭ ▭▭▭ ▭▭▭▭▭ ▭▭ ▭▭▭ ▭▭▭▭ ▭▭ ▭▭▭ ▭▭▭▭ ▭▭▭ ▭▭ ▭▭▭▭ ▭▭▭ ▭▭ ▭▭▭ ▭▭▭▭ ▭▭ ▭▭▭ ▭▭ ▭▭▭▭ ▭▭▭ ▭▭ ▭▭▭▭ ▭▭▭ ▭▭ ▭▭▭ ▭▭▭▭▭ ▭▭ ▭▭▭ ▭▭▭▭ ▭▭ ▭▭▭ ▭▭▭▭ ▭▭▭ ▭▭ ▭▭▭▭ ▭▭▭ ▭▭ ▭▭▭ ▭▭▭▭ ▭▭ ▭▭▭ ▭▭ ▭▭▭▭ ▭▭▭ ▭▭ ▭▭▭▭ ▭▭▭ ▭▭ ▭▭▭ ▭▭▭▭▭ ▭▭ ▭▭▭ ▭▭▭▭ ▭▭ ▭▭▭ ▭▭▭▭ ▭▭▭ ▭▭ ▭▭▭▭ ▭▭▭ ▭▭ ▭▭▭ ▭▭▭▭ ▭▭ ▭▭▭ ▭▭ ▭▭▭▭ ▭▭▭ ▭▭ ▭▭▭▭ ▭▭▭ ▭▭ ▭▭▭ ▭▭▭▭▭ ▭▭ ▭▭▭ ▭▭▭▭ ▭▭ ▭▭▭ ▭▭▭▭ ▭▭▭ ▭▭ ▭▭▭▭ ▭▭▭ ▭▭ ▭▭▭ ▭▭▭▭ ▭▭ ▭▭▭ ▭▭ ▭▭▭▭ ▭▭▭ ▭▭ ▭▭▭▭ ▭▭▭ ▭▭ ▭▭▭ ▭▭▭▭▭ ▭▭ ▭▭▭ ▭▭▭▭ ▭▭ ▭▭▭ ▭▭▭▭ ▭▭▭ ▭▭ ▭▭▭▭ ▭▭▭ ▭▭ ▭▭▭ ▭▭▭▭ ▭▭ ▭▭▭ ▭▭ ▭▭▭▭ ▭▭▭ ▭▭ ▭▭▭▭ ▭▭▭ ▭▭ ▭▭▭ ▭▭▭▭▭ ▭▭ ▭▭▭ ▭▭▭▭ ▭▭ ▭▭▭ ▭▭▭▭ ▭▭▭ ▭▭ ▭▭▭▭ ▭▭▭ ▭▭ ▭▭▭ ▭▭▭▭ ▭▭ ▭▭▭ ▭▭ ▭▭▭▭ ▭▭▭ ▭▭ ▭▭▭▭ ▭▭▭ ▭▭ ▭▭▭ ▭▭▭▭▭ ▭▭ ▭▭▭ ▭▭▭▭ ▭▭ ▭▭▭ ▭▭▭▭ ▭▭▭ ▭▭ ▭▭▭▭ ▭▭▭ ▭▭ ▭▭▭ ▭▭▭▭ ▭▭ ▭▭▭ ▭▭ ▭▭▭▭ ▭▭▭ ▭▭ ▭▭▭▭ ▭▭▭ ▭▭ ▭▭▭ ▭▭▭▭▭ ▭▭ ▭▭▭ ▭▭▭▭ ▭▭ ▭▭▭ ▭▭▭▭ ▭▭▭ ▭▭ ▭▭▭▭ ▭▭▭ ▭▭ ▭▭▭ ▭▭▭▭ ▭▭ ▭▭▭ ▭▭ ▭▭▭▭ ▭▭▭ ▭▭ ▭▭▭▭ ▭▭▭ ▭▭ ▭▭▭ ▭▭▭▭▭ ▭▭ ▭▭▭ ▭▭▭▭ ▭▭ ▭▭▭ ▭▭▭▭ ▭▭▭ ▭▭ ▭▭▭▭ ▭▭▭ ▭▭ ▭▭▭ ▭▭▭▭ ▭▭ ▭▭▭ ▭▭ ▭▭▭▭ ▭▭▭ ▭▭ ▭▭▭▭ ▭▭▭ ▭▭ ▭▭▭ ▭▭▭▭▭ ▭▭ ▭▭▭ ▭▭▭▭ ▭▭ ▭▭▭ ▭▭▭▭ ▭▭▭ ▭▭ ▭▭▭▭ ▭▭▭ ▭▭ ▭▭▭ ▭▭▭▭ ▭▭ ▭▭▭ ▭▭ ▭▭▭▭ ▭▭▭ ▭▭ ▭▭▭▭ ▭▭▭ ▭▭ ▭▭▭ ▭▭▭▭▭ ▭▭ ▭▭▭ ▭▭▭▭ ▭▭ ▭▭▭ ▭▭▭▭ ▭▭▭ ▭▭ ▭▭▭▭ ▭▭▭ ▭▭ ▭▭▭ ▭▭▭▭ ▭▭ ▭▭▭ ▭▭ ▭▭▭▭ ▭▭▭ ▭▭ ▭▭▭▭ ▭▭▭ ▭▭ ▭▭▭ ▭▭▭▭▭ ▭▭ ▭▭▭ ▭▭▭▭ ▭▭ ▭▭▭ ▭▭▭▭ ▭▭▭ ▭▭ ▭▭▭▭ ▭▭▭ ▭▭ ▭▭▭ ▭▭▭▭ ▭▭ ▭▭▭ ▭▭ ▭▭▭▭ ▭▭▭ ▭▭ ▭▭▭▭ ▭▭▭ ▭▭ ▭▭▭ ▭▭▭▭▭ ▭▭ ▭▭▭ ▭▭▭▭ ▭▭ ▭▭▭ ▭▭▭▭ ▭▭▭ ▭▭ ▭▭▭▭ ▭▭▭ ▭▭ ▭▭▭ ▭▭▭▭ ▭▭ ▭▭▭ ▭▭ ▭▭▭▭ ▭▭▭ ▭▭ ▭▭▭▭ ▭▭▭ ▭▭ ▭▭▭ ▭▭▭▭▭

আওয়ামী লীগ ও ঋণ

নিজস্ব প্রতিবেদক — ঋণ সংক্রান্ত প্রতিবেদন। ▭▭▭ ▭▭ ▭▭▭▭ ▭▭▭ ▭▭ ▭▭▭ ▭▭▭▭▭ ▭▭ ▭▭▭ ▭▭▭▭ ▭▭ ▭▭▭ ▭▭▭▭ ▭▭▭ ▭▭ ▭▭▭▭ ▭▭▭ ▭▭ ▭▭▭ ▭▭▭▭ ▭▭ ▭▭▭ ▭▭ ▭▭▭▭ ▭▭▭ ▭▭ ▭▭▭▭ ▭▭▭ ▭▭ ▭▭▭ ▭▭▭▭▭ ▭▭ ▭▭▭ ▭▭▭▭ ▭▭ ▭▭▭ ▭▭▭▭ ▭▭▭ ▭▭ ▭▭▭▭ ▭▭▭ ▭▭ ▭▭▭ ▭▭▭▭ ▭▭ ▭▭▭ ▭▭ ▭▭▭▭ ▭▭▭ ▭▭ ▭▭▭▭ ▭▭▭ ▭▭ ▭▭▭ ▭▭▭▭▭ ▭▭ ▭▭▭ ▭▭▭▭ ▭▭ ▭▭▭ ▭▭▭▭ ▭▭▭ ▭▭ ▭▭▭▭ ▭▭▭ ▭▭ ▭▭▭ ▭▭▭▭ ▭▭ ▭▭▭ ▭▭ ▭▭▭▭ ▭▭▭ ▭▭ ▭▭▭▭ ▭▭▭ ▭▭ ▭▭▭ ▭▭▭▭▭ ▭▭ ▭▭▭ ▭▭▭▭ ▭▭ ▭▭▭ ▭▭▭▭ ▭▭▭ ▭▭ ▭▭▭▭ ▭▭▭ ▭▭ ▭▭▭ ▭▭▭▭ ▭▭ ▭▭▭ ▭▭ ▭▭▭▭ ▭▭▭ ▭▭ ▭▭▭▭ ▭▭▭ ▭▭ ▭▭▭ ▭▭▭▭▭ ▭▭ ▭▭▭ ▭▭▭▭ ▭▭ ▭▭▭ ▭▭▭▭ ▭▭▭ ▭▭ ▭▭▭▭ ▭▭▭ ▭▭ ▭▭▭ ▭▭▭▭ ▭▭ ▭▭▭ ▭▭ ▭▭▭▭ ▭▭▭ ▭▭ ▭▭▭▭ ▭▭▭ ▭▭ ▭▭▭ ▭▭▭▭▭ ▭▭ ▭▭▭ ▭▭▭▭ ▭▭ ▭▭▭ ▭▭▭▭ ▭▭▭ ▭▭ ▭▭▭▭ ▭▭▭ ▭▭ ▭▭▭ ▭▭▭▭ ▭▭ ▭▭▭ ▭▭ ▭▭▭▭ ▭▭▭ ▭▭ ▭▭▭▭ ▭▭▭ ▭▭ ▭▭▭ ▭▭▭▭▭ ▭▭ ▭▭▭ ▭▭▭▭ ▭▭ ▭▭▭ ▭▭▭▭ ▭▭▭ ▭▭ ▭▭▭▭ ▭▭▭ ▭▭ ▭▭▭ ▭▭▭▭ ▭▭ ▭▭▭ ▭▭ ▭▭▭▭ ▭▭▭ ▭▭ ▭▭▭▭ ▭▭▭ ▭▭ ▭▭▭ ▭▭▭▭▭ ▭▭ ▭▭▭ ▭▭▭▭ ▭▭ ▭▭▭ ▭▭▭▭ ▭▭▭ ▭▭ ▭▭▭▭ ▭▭▭ ▭▭ ▭▭▭ ▭▭▭▭ ▭▭ ▭▭▭ ▭▭ ▭▭▭▭ ▭▭▭ ▭▭ ▭▭▭▭ ▭▭▭ ▭▭ ▭▭▭ ▭▭▭▭▭ ▭▭ ▭▭▭ ▭▭▭▭ ▭▭ ▭▭▭ ▭▭▭▭ ▭▭▭ ▭▭ ▭▭▭▭ ▭▭▭ ▭▭ ▭▭▭ ▭▭▭▭ ▭▭ ▭▭▭ ▭▭ ▭▭▭▭ ▭▭▭ ▭▭ ▭▭▭▭ ▭▭▭ ▭▭ ▭▭▭ ▭▭▭▭▭ ▭▭ ▭▭▭ ▭▭▭▭ ▭▭ ▭▭▭ ▭▭▭▭ ▭▭▭ ▭▭ ▭▭▭▭ ▭▭▭ ▭▭ ▭▭▭ ▭▭▭▭ ▭▭ ▭▭▭ ▭▭ ▭▭▭▭ ▭▭▭ ▭▭ ▭▭▭▭ ▭▭▭ ▭▭ ▭▭▭ ▭▭▭▭▭ ▭▭ ▭▭▭ ▭▭▭▭ ▭▭ ▭▭▭ ▭▭▭▭ ▭▭▭ ▭▭ ▭▭▭▭ ▭▭▭ ▭▭ ▭▭▭ ▭▭▭▭ ▭▭ ▭▭▭ ▭▭ ▭▭▭▭ ▭▭▭ ▭▭ ▭▭▭▭ ▭▭▭ ▭▭ ▭▭▭ ▭▭▭▭▭ ▭▭ ▭▭▭ ▭▭▭▭ ▭▭ ▭▭▭ ▭▭▭▭ ▭▭▭ ▭▭ ▭▭▭▭ ▭▭▭ ▭▭ ▭▭▭ ▭▭▭▭ ▭▭ ▭▭▭ ▭▭ ▭▭▭▭ ▭▭▭ ▭▭ ▭▭▭▭ ▭▭▭ ▭▭ ▭▭▭ ▭▭▭▭▭ ▭▭ ▭▭▭ ▭▭▭▭ ▭▭ ▭▭▭ ▭▭▭▭ ▭▭▭ ▭▭ ▭▭▭▭ ▭▭▭ ▭▭ ▭▭▭ ▭▭▭▭ ▭▭ ▭▭▭ ▭▭ ▭▭▭▭ ▭▭▭ ▭▭ ▭▭▭▭ ▭▭▭ ▭▭ ▭▭▭ ▭▭▭▭▭ ▭▭ ▭▭▭ ▭▭▭▭ ▭▭ ▭▭▭ ▭▭▭▭ ▭▭▭ ▭▭ ▭▭▭▭ ▭▭▭ ▭▭ ▭▭▭ ▭▭▭▭ ▭▭ ▭▭▭ ▭▭ ▭▭▭▭ ▭▭▭ ▭▭ ▭▭▭▭ ▭▭▭ ▭▭ ▭▭▭ ▭▭▭▭▭ ▭▭ ▭▭▭ ▭▭▭▭ ▭▭ ▭▭▭ ▭▭▭▭ ▭▭▭ ▭▭ ▭▭▭▭ ▭▭▭ ▭▭ ▭▭▭ ▭▭▭▭ ▭▭ ▭▭▭ ▭▭ ▭▭▭▭ ▭▭▭ ▭▭ ▭▭▭▭ ▭▭▭ ▭▭ ▭▭▭ ▭▭▭▭▭ ▭▭ ▭▭▭ ▭▭▭▭ ▭▭ ▭▭▭ ▭▭▭▭ ▭▭▭ ▭▭ ▭▭▭▭ ▭▭▭ ▭▭ ▭▭▭ ▭▭▭▭ ▭▭ ▭▭▭ ▭▭ ▭▭▭▭ ▭▭▭ ▭▭ ▭▭▭▭ ▭▭▭ ▭▭ ▭▭▭ ▭▭▭▭▭

জুলাই অভ্যুত্থানে শহীদ

নিজস্ব প্রতিবেদক — জুলাই অভ্যুত্থানে শহীদদের স্মরণে। ▭▭▭ ▭▭ ▭▭▭▭ ▭▭▭ ▭▭ ▭▭▭ ▭▭▭▭▭ ▭▭ ▭▭▭ ▭▭▭▭ ▭▭ ▭▭▭ ▭▭▭▭ ▭▭▭ ▭▭ ▭▭▭▭ ▭▭▭ ▭▭ ▭▭▭ ▭▭▭▭ ▭▭ ▭▭▭ ▭▭ ▭▭▭▭ ▭▭▭ ▭▭ ▭▭▭▭ ▭▭▭ ▭▭ ▭▭▭ ▭▭▭▭▭ ▭▭ ▭▭▭ ▭▭▭▭ ▭▭ ▭▭▭ ▭▭▭▭ ▭▭▭ ▭▭ ▭▭▭▭ ▭▭▭ ▭▭ ▭▭▭ ▭▭▭▭ ▭▭ ▭▭▭ ▭▭ ▭▭▭▭ ▭▭▭ ▭▭ ▭▭▭▭ ▭▭▭ ▭▭ ▭▭▭ ▭▭▭▭▭ ▭▭ ▭▭▭ ▭▭▭▭ ▭▭ ▭▭▭ ▭▭▭▭ ▭▭▭ ▭▭ ▭▭▭▭ ▭▭▭ ▭▭ ▭▭▭ ▭▭▭▭ ▭▭ ▭▭▭ ▭▭ ▭▭▭▭ ▭▭▭ ▭▭ ▭▭▭▭ ▭▭▭ ▭▭ ▭▭▭ ▭▭▭▭▭ ▭▭ ▭▭▭ ▭▭▭▭ ▭▭ ▭▭▭ ▭▭▭▭ ▭▭▭ ▭▭ ▭▭▭▭ ▭▭▭ ▭▭ ▭▭▭ ▭▭▭▭ ▭▭ ▭▭▭ ▭▭ ▭▭▭▭ ▭▭▭ ▭▭ ▭▭▭▭ ▭▭▭ ▭▭ ▭▭▭ ▭▭▭▭▭ ▭▭ ▭▭▭ ▭▭▭▭ ▭▭ ▭▭▭ ▭▭▭▭ ▭▭▭ ▭▭ ▭▭▭▭ ▭▭▭ ▭▭ ▭▭▭ ▭▭▭▭ ▭▭ ▭▭▭ ▭▭ ▭▭▭▭ ▭▭▭ ▭▭ ▭▭▭▭ ▭▭▭ ▭▭ ▭▭▭ ▭▭▭▭▭ ▭▭ ▭▭▭ ▭▭▭▭ ▭▭ ▭▭▭ ▭▭▭▭ ▭▭▭ ▭▭ ▭▭▭▭ ▭▭▭ ▭▭ ▭▭▭ ▭▭▭▭ ▭▭ ▭▭▭ ▭▭ ▭▭▭▭ ▭▭▭ ▭▭ ▭▭▭▭ ▭▭▭ ▭▭ ▭▭▭ ▭▭▭▭▭ ▭▭ ▭▭▭ ▭▭▭▭ ▭▭ ▭▭▭ ▭▭▭▭ ▭▭▭ ▭▭ ▭▭▭▭ ▭▭▭ ▭▭ ▭▭▭ ▭▭▭▭ ▭▭ ▭▭▭ ▭▭ ▭▭▭▭ ▭▭▭ ▭▭ ▭▭▭▭ ▭▭▭ ▭▭ ▭▭▭ ▭▭▭▭▭ ▭▭ ▭▭▭ ▭▭▭▭ ▭▭ ▭▭▭ ▭▭▭▭ ▭▭▭ ▭▭ ▭▭▭▭ ▭▭▭ ▭▭ ▭▭▭ ▭▭▭▭ ▭▭ ▭▭▭ ▭▭ ▭▭▭▭ ▭▭▭ ▭▭ ▭▭▭▭ ▭▭▭ ▭▭ ▭▭▭ ▭▭▭▭▭ ▭▭ ▭▭▭ ▭▭▭▭ ▭▭ ▭▭▭ ▭▭▭▭ ▭▭▭ ▭▭ ▭▭▭▭ ▭▭▭ ▭▭ ▭▭▭ ▭▭▭▭ ▭▭ ▭▭▭ ▭▭ ▭▭▭▭ ▭▭▭ ▭▭ ▭▭▭▭ ▭▭▭ ▭▭ ▭▭▭ ▭▭▭▭▭ ▭▭ ▭▭▭ ▭▭▭▭ ▭▭ ▭▭▭ ▭▭▭▭ ▭▭▭ ▭▭ ▭▭▭▭ ▭▭▭ ▭▭ ▭▭▭ ▭▭▭▭ ▭▭ ▭▭▭ ▭▭ ▭▭▭▭ ▭▭▭ ▭▭ ▭▭▭▭ ▭▭▭ ▭▭ ▭▭▭ ▭▭▭▭▭ ▭▭ ▭▭▭ ▭▭▭▭ ▭▭ ▭▭▭ ▭▭▭▭ ▭▭▭ ▭▭ ▭▭▭▭ ▭▭▭ ▭▭ ▭▭▭ ▭▭▭▭ ▭▭ ▭▭▭ ▭▭ ▭▭▭▭ ▭▭▭ ▭▭ ▭▭▭▭ ▭▭▭ ▭▭ ▭▭▭ ▭▭▭▭▭ ▭▭ ▭▭▭ ▭▭▭▭ ▭▭ ▭▭▭ ▭▭▭▭ ▭▭▭ ▭▭ ▭▭▭▭ ▭▭▭ ▭▭ ▭▭▭ ▭▭▭▭ ▭▭ ▭▭▭ ▭▭ ▭▭▭▭ ▭▭▭ ▭▭ ▭▭▭▭ ▭▭▭ ▭▭ ▭▭▭ ▭▭▭▭▭ ▭▭ ▭▭▭ ▭▭▭▭ ▭▭ ▭▭▭ ▭▭▭▭ ▭▭▭ ▭▭ ▭▭▭▭ ▭▭▭ ▭▭ ▭▭▭ ▭▭▭▭ ▭▭ ▭▭▭ ▭▭ ▭▭▭▭ ▭▭▭ ▭▭ ▭▭▭▭ ▭▭▭ ▭▭ ▭▭▭ ▭▭▭▭▭ ▭▭ ▭▭▭ ▭▭▭▭ ▭▭ ▭▭▭ ▭▭▭▭ ▭▭▭ ▭▭ ▭▭▭▭ ▭▭▭ ▭▭ ▭▭▭ ▭▭▭▭ ▭▭ ▭▭▭ ▭▭ ▭▭▭▭ ▭▭▭ ▭▭ ▭▭▭▭ ▭▭▭ ▭▭ ▭▭▭ ▭▭▭▭▭ ▭▭ ▭▭▭ ▭▭▭▭ ▭▭ ▭▭▭ ▭▭▭▭ ▭▭▭ ▭▭ ▭▭▭▭ ▭▭▭ ▭▭ ▭▭▭ ▭▭▭▭ ▭▭ ▭▭▭ ▭▭ ▭▭▭▭ ▭▭▭ ▭▭ ▭▭▭▭ ▭▭▭ ▭▭ ▭▭▭ ▭▭▭▭▭ ▭▭ ▭▭▭ ▭▭▭▭ ▭▭ ▭▭▭ ▭▭▭▭ ▭▭▭ ▭▭ ▭▭▭▭ ▭▭▭ ▭▭ ▭▭▭ ▭▭▭▭ ▭▭ ▭▭▭ ▭▭ ▭▭▭▭ ▭▭▭ ▭▭ ▭▭▭▭ ▭▭▭ ▭▭ ▭▭▭ ▭▭▭▭▭

দুই রুমে দুই পরিবারে

নিজস্ব প্রতিবেদক — দুই রুমে দুই পরিবারের বসবাস। ▭▭▭ ▭▭ ▭▭▭▭ ▭▭▭ ▭▭ ▭▭▭ ▭▭▭▭▭ ▭▭ ▭▭▭ ▭▭▭▭ ▭▭ ▭▭▭ ▭▭▭▭ ▭▭▭ ▭▭ ▭▭▭▭ ▭▭▭ ▭▭ ▭▭▭ ▭▭▭▭ ▭▭ ▭▭▭ ▭▭ ▭▭▭▭ ▭▭▭ ▭▭ ▭▭▭▭ ▭▭▭ ▭▭ ▭▭▭ ▭▭▭▭▭ ▭▭ ▭▭▭ ▭▭▭▭ ▭▭ ▭▭▭ ▭▭▭▭ ▭▭▭ ▭▭ ▭▭▭▭ ▭▭▭ ▭▭ ▭▭▭ ▭▭▭▭ ▭▭ ▭▭▭ ▭▭ ▭▭▭▭ ▭▭▭ ▭▭ ▭▭▭▭ ▭▭▭ ▭▭ ▭▭▭ ▭▭▭▭▭ ▭▭ ▭▭▭ ▭▭▭▭ ▭▭ ▭▭▭ ▭▭▭▭ ▭▭▭ ▭▭ ▭▭▭▭ ▭▭▭ ▭▭ ▭▭▭ ▭▭▭▭ ▭▭ ▭▭▭ ▭▭ ▭▭▭▭ ▭▭▭ ▭▭ ▭▭▭▭ ▭▭▭ ▭▭ ▭▭▭ ▭▭▭▭▭ ▭▭ ▭▭▭ ▭▭▭▭ ▭▭ ▭▭▭ ▭▭▭▭ ▭▭▭ ▭▭ ▭▭▭▭ ▭▭▭ ▭▭ ▭▭▭ ▭▭▭▭ ▭▭ ▭▭▭ ▭▭ ▭▭▭▭ ▭▭▭ ▭▭ ▭▭▭▭ ▭▭▭ ▭▭ ▭▭▭ ▭▭▭▭▭ ▭▭ ▭▭▭ ▭▭▭▭ ▭▭ ▭▭▭ ▭▭▭▭ ▭▭▭ ▭▭ ▭▭▭▭ ▭▭▭ ▭▭ ▭▭▭ ▭▭▭▭ ▭▭ ▭▭▭ ▭▭ ▭▭▭▭ ▭▭▭ ▭▭ ▭▭▭▭ ▭▭▭ ▭▭ ▭▭▭ ▭▭▭▭▭ ▭▭ ▭▭▭ ▭▭▭▭ ▭▭ ▭▭▭ ▭▭▭▭ ▭▭▭ ▭▭ ▭▭▭▭ ▭▭▭ ▭▭ ▭▭▭ ▭▭▭▭ ▭▭ ▭▭▭ ▭▭ ▭▭▭▭ ▭▭▭ ▭▭ ▭▭▭▭ ▭▭▭ ▭▭ ▭▭▭ ▭▭▭▭▭ ▭▭ ▭▭▭ ▭▭▭▭ ▭▭ ▭▭▭ ▭▭▭▭ ▭▭▭ ▭▭ ▭▭▭▭ ▭▭▭ ▭▭ ▭▭▭ ▭▭▭▭ ▭▭ ▭▭▭ ▭▭ ▭▭▭▭ ▭▭▭ ▭▭ ▭▭▭▭ ▭▭▭ ▭▭ ▭▭▭ ▭▭▭▭▭ ▭▭ ▭▭▭ ▭▭▭▭ ▭▭ ▭▭▭ ▭▭▭▭ ▭▭▭ ▭▭ ▭▭▭▭ ▭▭▭ ▭▭ ▭▭▭ ▭▭▭▭ ▭▭ ▭▭▭ ▭▭ ▭▭▭▭ ▭▭▭ ▭▭ ▭▭▭▭ ▭▭▭ ▭▭ ▭▭▭ ▭▭▭▭▭ ▭▭ ▭▭▭ ▭▭▭▭ ▭▭ ▭▭▭ ▭▭▭▭ ▭▭▭ ▭▭ ▭▭▭▭ ▭▭▭ ▭▭ ▭▭▭ ▭▭▭▭ ▭▭ ▭▭▭ ▭▭ ▭▭▭▭ ▭▭▭ ▭▭ ▭▭▭▭ ▭▭▭ ▭▭ ▭▭▭ ▭▭▭▭▭ ▭▭ ▭▭▭ ▭▭▭▭ ▭▭ ▭▭▭ ▭▭▭▭ ▭▭▭ ▭▭ ▭▭▭▭ ▭▭▭ ▭▭ ▭▭▭ ▭▭▭▭ ▭▭ ▭▭▭ ▭▭ ▭▭▭▭ ▭▭▭ ▭▭ ▭▭▭▭ ▭▭▭ ▭▭ ▭▭▭ ▭▭▭▭▭ ▭▭ ▭▭▭ ▭▭▭▭ ▭▭ ▭▭▭ ▭▭▭▭ ▭▭▭ ▭▭ ▭▭▭▭ ▭▭▭ ▭▭ ▭▭▭ ▭▭▭▭ ▭▭ ▭▭▭ ▭▭ ▭▭▭▭ ▭▭▭ ▭▭ ▭▭▭▭ ▭▭▭ ▭▭ ▭▭▭ ▭▭▭▭▭ ▭▭ ▭▭▭ ▭▭▭▭ ▭▭ ▭▭▭ ▭▭▭▭ ▭▭▭ ▭▭ ▭▭▭▭ ▭▭▭ ▭▭ ▭▭▭ ▭▭▭▭ ▭▭ ▭▭▭ ▭▭ ▭▭▭▭ ▭▭▭ ▭▭ ▭▭▭▭ ▭▭▭ ▭▭ ▭▭▭ ▭▭▭▭▭ ▭▭ ▭▭▭ ▭▭▭▭ ▭▭ ▭▭▭ ▭▭▭▭ ▭▭▭ ▭▭ ▭▭▭▭ ▭▭▭ ▭▭ ▭▭▭ ▭▭▭▭ ▭▭ ▭▭▭ ▭▭ ▭▭▭▭ ▭▭▭ ▭▭ ▭▭▭▭ ▭▭▭ ▭▭ ▭▭▭ ▭▭▭▭▭ ▭▭ ▭▭▭ ▭▭▭▭ ▭▭ ▭▭▭ ▭▭▭▭ ▭▭▭ ▭▭ ▭▭▭▭ ▭▭▭ ▭▭ ▭▭▭ ▭▭▭▭ ▭▭ ▭▭▭ ▭▭ ▭▭▭▭ ▭▭▭ ▭▭ ▭▭▭▭ ▭▭▭ ▭▭ ▭▭▭ ▭▭▭▭▭ ▭▭ ▭▭▭ ▭▭▭▭ ▭▭ ▭▭▭ ▭▭▭▭ ▭▭▭ ▭▭ ▭▭▭▭ ▭▭▭ ▭▭ ▭▭▭ ▭▭▭▭ ▭▭ ▭▭▭ ▭▭ ▭▭▭▭ ▭▭▭ ▭▭ ▭▭▭▭ ▭▭▭ ▭▭ ▭▭▭ ▭▭▭▭▭ ▭▭ ▭▭▭ ▭▭▭▭ ▭▭ ▭▭▭ ▭▭▭▭ ▭▭▭ ▭▭ ▭▭▭▭ ▭▭▭ ▭▭ ▭▭▭ ▭▭▭▭ ▭▭ ▭▭▭ ▭▭ ▭▭▭▭ ▭▭▭ ▭▭ ▭▭▭▭ ▭▭▭ ▭▭ ▭▭▭ ▭▭▭▭▭

অজানাজন্য আসামি

নিজস্ব প্রতিবেদক — অজ্ঞাত আসামির বিষয়ে। ▭▭▭ ▭▭ ▭▭▭▭ ▭▭▭ ▭▭ ▭▭▭ ▭▭▭▭▭ ▭▭ ▭▭▭ ▭▭▭▭ ▭▭ ▭▭▭ ▭▭▭▭ ▭▭▭ ▭▭ ▭▭▭▭ ▭▭▭ ▭▭ ▭▭▭ ▭▭▭▭ ▭▭ ▭▭▭ ▭▭ ▭▭▭▭ ▭▭▭ ▭▭ ▭▭▭▭ ▭▭▭ ▭▭ ▭▭▭ ▭▭▭▭▭ ▭▭ ▭▭▭ ▭▭▭▭ ▭▭ ▭▭▭ ▭▭▭▭ ▭▭▭ ▭▭ ▭▭▭▭ ▭▭▭ ▭▭ ▭▭▭ ▭▭▭▭ ▭▭ ▭▭▭ ▭▭ ▭▭▭▭ ▭▭▭ ▭▭ ▭▭▭▭ ▭▭▭ ▭▭ ▭▭▭ ▭▭▭▭▭ ▭▭ ▭▭▭ ▭▭▭▭ ▭▭ ▭▭▭ ▭▭▭▭ ▭▭▭ ▭▭ ▭▭▭▭ ▭▭▭ ▭▭ ▭▭▭ ▭▭▭▭ ▭▭ ▭▭▭ ▭▭ ▭▭▭▭ ▭▭▭ ▭▭ ▭▭▭▭ ▭▭▭ ▭▭ ▭▭▭ ▭▭▭▭▭ ▭▭ ▭▭▭ ▭▭▭▭ ▭▭ ▭▭▭ ▭▭▭▭ ▭▭▭ ▭▭ ▭▭▭▭ ▭▭▭ ▭▭ ▭▭▭ ▭▭▭▭ ▭▭ ▭▭▭ ▭▭ ▭▭▭▭ ▭▭▭ ▭▭ ▭▭▭▭ ▭▭▭ ▭▭ ▭▭▭ ▭▭▭▭▭ ▭▭ ▭▭▭ ▭▭▭▭ ▭▭ ▭▭▭ ▭▭▭▭ ▭▭▭ ▭▭ ▭▭▭▭ ▭▭▭ ▭▭ ▭▭▭ ▭▭▭▭ ▭▭ ▭▭▭ ▭▭ ▭▭▭▭ ▭▭▭ ▭▭ ▭▭▭▭ ▭▭▭ ▭▭ ▭▭▭ ▭▭▭▭▭ ▭▭ ▭▭▭ ▭▭▭▭ ▭▭ ▭▭▭ ▭▭▭▭ ▭▭▭ ▭▭ ▭▭▭▭ ▭▭▭ ▭▭ ▭▭▭ ▭▭▭▭ ▭▭ ▭▭▭ ▭▭ ▭▭▭▭ ▭▭▭ ▭▭ ▭▭▭▭ ▭▭▭ ▭▭ ▭▭▭ ▭▭▭▭▭ ▭▭ ▭▭▭ ▭▭▭▭ ▭▭ ▭▭▭ ▭▭▭▭ ▭▭▭ ▭▭ ▭▭▭▭ ▭▭▭ ▭▭ ▭▭▭ ▭▭▭▭ ▭▭ ▭▭▭ ▭▭ ▭▭▭▭ ▭▭▭ ▭▭ ▭▭▭▭ ▭▭▭ ▭▭ ▭▭▭ ▭▭▭▭▭ ▭▭ ▭▭▭ ▭▭▭▭ ▭▭ ▭▭▭ ▭▭▭▭ ▭▭▭ ▭▭ ▭▭▭▭ ▭▭▭ ▭▭ ▭▭▭ ▭▭▭▭ ▭▭ ▭▭▭ ▭▭ ▭▭▭▭ ▭▭▭ ▭▭ ▭▭▭▭ ▭▭▭ ▭▭ ▭▭▭ ▭▭▭▭▭ ▭▭ ▭▭▭ ▭▭▭▭ ▭▭ ▭▭▭ ▭▭▭▭ ▭▭▭ ▭▭ ▭▭▭▭ ▭▭▭ ▭▭ ▭▭▭ ▭▭▭▭ ▭▭ ▭▭▭ ▭▭ ▭▭▭▭ ▭▭▭ ▭▭ ▭▭▭▭ ▭▭▭ ▭▭ ▭▭▭ ▭▭▭▭▭ ▭▭ ▭▭▭ ▭▭▭▭ ▭▭ ▭▭▭ ▭▭▭▭ ▭▭▭ ▭▭ ▭▭▭▭ ▭▭▭ ▭▭ ▭▭▭ ▭▭▭▭ ▭▭ ▭▭▭ ▭▭ ▭▭▭▭ ▭▭▭ ▭▭ ▭▭▭▭ ▭▭▭ ▭▭ ▭▭▭ ▭▭▭▭▭ ▭▭ ▭▭▭ ▭▭▭▭ ▭▭ ▭▭▭ ▭▭▭▭ ▭▭▭ ▭▭ ▭▭▭▭ ▭▭▭ ▭▭ ▭▭▭ ▭▭▭▭ ▭▭ ▭▭▭ ▭▭ ▭▭▭▭ ▭▭▭ ▭▭ ▭▭▭▭ ▭▭▭ ▭▭ ▭▭▭ ▭▭▭▭▭ ▭▭ ▭▭▭ ▭▭▭▭ ▭▭ ▭▭▭ ▭▭▭▭ ▭▭▭ ▭▭ ▭▭▭▭ ▭▭▭ ▭▭ ▭▭▭ ▭▭▭▭ ▭▭ ▭▭▭ ▭▭ ▭▭▭▭ ▭▭▭ ▭▭ ▭▭▭▭ ▭▭▭ ▭▭ ▭▭▭ ▭▭▭▭▭ ▭▭ ▭▭▭ ▭▭▭▭ ▭▭ ▭▭▭ ▭▭▭▭ ▭▭▭ ▭▭ ▭▭▭▭ ▭▭▭ ▭▭ ▭▭▭ ▭▭▭▭ ▭▭ ▭▭▭ ▭▭ ▭▭▭▭ ▭▭▭ ▭▭ ▭▭▭▭ ▭▭▭ ▭▭ ▭▭▭ ▭▭▭▭▭ ▭▭ ▭▭▭ ▭▭▭▭ ▭▭ ▭▭▭ ▭▭▭▭ ▭▭▭ ▭▭ ▭▭▭▭ ▭▭▭ ▭▭ ▭▭▭ ▭▭▭▭ ▭▭ ▭▭▭ ▭▭ ▭▭▭▭ ▭▭▭ ▭▭ ▭▭▭▭ ▭▭▭ ▭▭ ▭▭▭ ▭▭▭▭▭ ▭▭ ▭▭▭ ▭▭▭▭ ▭▭ ▭▭▭ ▭▭▭▭ ▭▭▭ ▭▭ ▭▭▭▭ ▭▭▭ ▭▭ ▭▭▭ ▭▭▭▭ ▭▭ ▭▭▭ ▭▭ ▭▭▭▭ ▭▭▭ ▭▭ ▭▭▭▭ ▭▭▭ ▭▭ ▭▭▭ ▭▭▭▭▭ ▭▭ ▭▭▭ ▭▭▭▭ ▭▭ ▭▭▭ ▭▭▭▭ ▭▭▭ ▭▭ ▭▭▭▭ ▭▭▭ ▭▭ ▭▭▭ ▭▭▭▭ ▭▭ ▭▭▭ ▭▭ ▭▭▭▭ ▭▭▭ ▭▭ ▭▭▭▭ ▭▭▭ ▭▭ ▭▭▭ ▭▭▭▭▭

রোহাংকে উচ্চীভূত

নিজস্ব প্রতিবেদক — বিভিন্ন বিষয়ে প্রতিবেদন। ▭▭▭ ▭▭ ▭▭▭▭ ▭▭▭ ▭▭ ▭▭▭ ▭▭▭▭▭ ▭▭ ▭▭▭ ▭▭▭▭ ▭▭ ▭▭▭ ▭▭▭▭ ▭▭▭ ▭▭ ▭▭▭▭ ▭▭▭ ▭▭ ▭▭▭ ▭▭▭▭ ▭▭ ▭▭▭ ▭▭ ▭▭▭▭ ▭▭▭ ▭▭ ▭▭▭▭ ▭▭▭ ▭▭ ▭▭▭ ▭▭▭▭▭ ▭▭ ▭▭▭ ▭▭▭▭ ▭▭ ▭▭▭ ▭▭▭▭ ▭▭▭ ▭▭ ▭▭▭▭ ▭▭▭ ▭▭ ▭▭▭ ▭▭▭▭ ▭▭ ▭▭▭ ▭▭ ▭▭▭▭ ▭▭▭ ▭▭ ▭▭▭▭ ▭▭▭ ▭▭ ▭▭▭ ▭▭▭▭▭ ▭▭ ▭▭▭ ▭▭▭▭ ▭▭ ▭▭▭ ▭▭▭▭ ▭▭▭ ▭▭ ▭▭▭▭ ▭▭▭ ▭▭ ▭▭▭ ▭▭▭▭ ▭▭ ▭▭▭ ▭▭ ▭▭▭▭ ▭▭▭ ▭▭ ▭▭▭▭ ▭▭▭ ▭▭ ▭▭▭ ▭▭▭▭▭ ▭▭ ▭▭▭ ▭▭▭▭ ▭▭ ▭▭▭ ▭▭▭▭ ▭▭▭ ▭▭ ▭▭▭▭ ▭▭▭ ▭▭ ▭▭▭ ▭▭▭▭ ▭▭ ▭▭▭ ▭▭ ▭▭▭▭ ▭▭▭ ▭▭ ▭▭▭▭ ▭▭▭ ▭▭ ▭▭▭ ▭▭▭▭▭ ▭▭ ▭▭▭ ▭▭▭▭ ▭▭ ▭▭▭ ▭▭▭▭ ▭▭▭ ▭▭ ▭▭▭▭ ▭▭▭ ▭▭ ▭▭▭ ▭▭▭▭ ▭▭ ▭▭▭ ▭▭ ▭▭▭▭ ▭▭▭ ▭▭ ▭▭▭▭ ▭▭▭ ▭▭ ▭▭▭ ▭▭▭▭▭ ▭▭ ▭▭▭ ▭▭▭▭ ▭▭ ▭▭▭ ▭▭▭▭ ▭▭▭ ▭▭ ▭▭▭▭ ▭▭▭ ▭▭ ▭▭▭ ▭▭▭▭ ▭▭ ▭▭▭ ▭▭ ▭▭▭▭ ▭▭▭ ▭▭ ▭▭▭▭ ▭▭▭ ▭▭ ▭▭▭ ▭▭▭▭▭ ▭▭ ▭▭▭ ▭▭▭▭ ▭▭ ▭▭▭ ▭▭▭▭ ▭▭▭ ▭▭ ▭▭▭▭ ▭▭▭ ▭▭ ▭▭▭ ▭▭▭▭ ▭▭ ▭▭▭ ▭▭ ▭▭▭▭ ▭▭▭ ▭▭ ▭▭▭▭ ▭▭▭ ▭▭ ▭▭▭ ▭▭▭▭▭ ▭▭ ▭▭▭ ▭▭▭▭ ▭▭ ▭▭▭ ▭▭▭▭ ▭▭▭ ▭▭ ▭▭▭▭ ▭▭▭ ▭▭ ▭▭▭ ▭▭▭▭ ▭▭ ▭▭▭ ▭▭ ▭▭▭▭ ▭▭▭ ▭▭ ▭▭▭▭ ▭▭▭ ▭▭ ▭▭▭ ▭▭▭▭▭ ▭▭ ▭▭▭ ▭▭▭▭ ▭▭ ▭▭▭ ▭▭▭▭ ▭▭▭ ▭▭ ▭▭▭▭ ▭▭▭ ▭▭ ▭▭▭ ▭▭▭▭ ▭▭ ▭▭▭ ▭▭ ▭▭▭▭ ▭▭▭ ▭▭ ▭▭▭▭ ▭▭▭ ▭▭ ▭▭▭ ▭▭▭▭▭ ▭▭ ▭▭▭ ▭▭▭▭ ▭▭ ▭▭▭ ▭▭▭▭ ▭▭▭ ▭▭ ▭▭▭▭ ▭▭▭ ▭▭ ▭▭▭ ▭▭▭▭ ▭▭ ▭▭▭ ▭▭ ▭▭▭▭ ▭▭▭ ▭▭ ▭▭▭▭ ▭▭▭ ▭▭ ▭▭▭ ▭▭▭▭▭ ▭▭ ▭▭▭ ▭▭▭▭ ▭▭ ▭▭▭ ▭▭▭▭ ▭▭▭ ▭▭ ▭▭▭▭ ▭▭▭ ▭▭ ▭▭▭ ▭▭▭▭ ▭▭ ▭▭▭ ▭▭ ▭▭▭▭ ▭▭▭ ▭▭ ▭▭▭▭ ▭▭▭ ▭▭ ▭▭▭ ▭▭▭▭▭ ▭▭ ▭▭▭ ▭▭▭▭ ▭▭ ▭▭▭ ▭▭▭▭ ▭▭▭ ▭▭ ▭▭▭▭ ▭▭▭ ▭▭ ▭▭▭ ▭▭▭▭ ▭▭ ▭▭▭ ▭▭ ▭▭▭▭ ▭▭▭ ▭▭ ▭▭▭▭ ▭▭▭ ▭▭ ▭▭▭ ▭▭▭▭▭ ▭▭ ▭▭▭ ▭▭▭▭ ▭▭ ▭▭▭ ▭▭▭▭ ▭▭▭ ▭▭ ▭▭▭▭ ▭▭▭ ▭▭ ▭▭▭ ▭▭▭▭ ▭▭ ▭▭▭ ▭▭ ▭▭▭▭ ▭▭▭ ▭▭ ▭▭▭▭ ▭▭▭ ▭▭ ▭▭▭ ▭▭▭▭▭ ▭▭ ▭▭▭ ▭▭▭▭ ▭▭ ▭▭▭ ▭▭▭▭ ▭▭▭ ▭▭ ▭▭▭▭ ▭▭▭ ▭▭ ▭▭▭ ▭▭▭▭ ▭▭ ▭▭▭ ▭▭ ▭▭▭▭ ▭▭▭ ▭▭ ▭▭▭▭ ▭▭▭ ▭▭ ▭▭▭ ▭▭▭▭▭ ▭▭ ▭▭▭ ▭▭▭▭ ▭▭ ▭▭▭ ▭▭▭▭ ▭▭▭ ▭▭ ▭▭▭▭ ▭▭▭ ▭▭ ▭▭▭ ▭▭▭▭ ▭▭ ▭▭▭ ▭▭ ▭▭▭▭ ▭▭▭ ▭▭ ▭▭▭▭ ▭▭▭ ▭▭ ▭▭▭ ▭▭▭▭▭ ▭▭ ▭▭▭ ▭▭▭▭ ▭▭ ▭▭▭ ▭▭▭▭ ▭▭▭ ▭▭ ▭▭▭▭ ▭▭▭ ▭▭ ▭▭▭ ▭▭▭▭ ▭▭ ▭▭▭ ▭▭ ▭▭▭▭ ▭▭▭ ▭▭ ▭▭▭▭ ▭▭▭ ▭▭ ▭▭▭ ▭▭▭▭▭

হামলার প্রতিবাদকালীন

নিজস্ব প্রতিবেদক — হামলার প্রতিবাদে কর্মসূচি। ▭▭▭ ▭▭ ▭▭▭▭ ▭▭▭ ▭▭ ▭▭▭ ▭▭▭▭▭ ▭▭ ▭▭▭ ▭▭▭▭ ▭▭ ▭▭▭ ▭▭▭▭ ▭▭▭ ▭▭ ▭▭▭▭ ▭▭▭ ▭▭ ▭▭▭ ▭▭▭▭ ▭▭ ▭▭▭ ▭▭ ▭▭▭▭ ▭▭▭ ▭▭ ▭▭▭▭ ▭▭▭ ▭▭ ▭▭▭ ▭▭▭▭▭ ▭▭ ▭▭▭ ▭▭▭▭ ▭▭ ▭▭▭ ▭▭▭▭ ▭▭▭ ▭▭ ▭▭▭▭ ▭▭▭ ▭▭ ▭▭▭ ▭▭▭▭ ▭▭ ▭▭▭ ▭▭ ▭▭▭▭ ▭▭▭ ▭▭ ▭▭▭▭ ▭▭▭ ▭▭ ▭▭▭ ▭▭▭▭▭ ▭▭ ▭▭▭ ▭▭▭▭ ▭▭ ▭▭▭ ▭▭▭▭ ▭▭▭ ▭▭ ▭▭▭▭ ▭▭▭ ▭▭ ▭▭▭ ▭▭▭▭ ▭▭ ▭▭▭ ▭▭ ▭▭▭▭ ▭▭▭ ▭▭ ▭▭▭▭ ▭▭▭ ▭▭ ▭▭▭ ▭▭▭▭▭ ▭▭ ▭▭▭ ▭▭▭▭ ▭▭ ▭▭▭ ▭▭▭▭ ▭▭▭ ▭▭ ▭▭▭▭ ▭▭▭ ▭▭ ▭▭▭ ▭▭▭▭ ▭▭ ▭▭▭ ▭▭ ▭▭▭▭ ▭▭▭ ▭▭ ▭▭▭▭ ▭▭▭ ▭▭ ▭▭▭ ▭▭▭▭▭ ▭▭ ▭▭▭ ▭▭▭▭ ▭▭ ▭▭▭ ▭▭▭▭ ▭▭▭ ▭▭ ▭▭▭▭ ▭▭▭ ▭▭ ▭▭▭ ▭▭▭▭ ▭▭ ▭▭▭ ▭▭ ▭▭▭▭ ▭▭▭ ▭▭ ▭▭▭▭ ▭▭▭ ▭▭ ▭▭▭ ▭▭▭▭▭ ▭▭ ▭▭▭ ▭▭▭▭ ▭▭ ▭▭▭ ▭▭▭▭ ▭▭▭ ▭▭ ▭▭▭▭ ▭▭▭ ▭▭ ▭▭▭ ▭▭▭▭ ▭▭ ▭▭▭ ▭▭ ▭▭▭▭ ▭▭▭ ▭▭ ▭▭▭▭ ▭▭▭ ▭▭ ▭▭▭ ▭▭▭▭▭ ▭▭ ▭▭▭ ▭▭▭▭ ▭▭ ▭▭▭ ▭▭▭▭ ▭▭▭ ▭▭ ▭▭▭▭ ▭▭▭ ▭▭ ▭▭▭ ▭▭▭▭ ▭▭ ▭▭▭ ▭▭ ▭▭▭▭ ▭▭▭ ▭▭ ▭▭▭▭ ▭▭▭ ▭▭ ▭▭▭ ▭▭▭▭▭ ▭▭ ▭▭▭ ▭▭▭▭ ▭▭ ▭▭▭ ▭▭▭▭ ▭▭▭ ▭▭ ▭▭▭▭ ▭▭▭ ▭▭ ▭▭▭ ▭▭▭▭ ▭▭ ▭▭▭ ▭▭ ▭▭▭▭ ▭▭▭ ▭▭ ▭▭▭▭ ▭▭▭ ▭▭ ▭▭▭ ▭▭▭▭▭ ▭▭ ▭▭▭ ▭▭▭▭ ▭▭ ▭▭▭ ▭▭▭▭ ▭▭▭ ▭▭ ▭▭▭▭ ▭▭▭ ▭▭ ▭▭▭ ▭▭▭▭ ▭▭ ▭▭▭ ▭▭ ▭▭▭▭ ▭▭▭ ▭▭ ▭▭▭▭ ▭▭▭ ▭▭ ▭▭▭ ▭▭▭▭▭ ▭▭ ▭▭▭ ▭▭▭▭ ▭▭ ▭▭▭ ▭▭▭▭ ▭▭▭ ▭▭ ▭▭▭▭ ▭▭▭ ▭▭ ▭▭▭ ▭▭▭▭ ▭▭ ▭▭▭ ▭▭ ▭▭▭▭ ▭▭▭ ▭▭ ▭▭▭▭ ▭▭▭ ▭▭ ▭▭▭ ▭▭▭▭▭ ▭▭ ▭▭▭ ▭▭▭▭ ▭▭ ▭▭▭ ▭▭▭▭ ▭▭▭ ▭▭ ▭▭▭▭ ▭▭▭ ▭▭ ▭▭▭ ▭▭▭▭ ▭▭ ▭▭▭ ▭▭ ▭▭▭▭ ▭▭▭ ▭▭ ▭▭▭▭ ▭▭▭ ▭▭ ▭▭▭ ▭▭▭▭▭ ▭▭ ▭▭▭ ▭▭▭▭ ▭▭ ▭▭▭ ▭▭▭▭ ▭▭▭ ▭▭ ▭▭▭▭ ▭▭▭ ▭▭ ▭▭▭ ▭▭▭▭ ▭▭ ▭▭▭ ▭▭ ▭▭▭▭ ▭▭▭ ▭▭ ▭▭▭▭ ▭▭▭ ▭▭ ▭▭▭ ▭▭▭▭▭ ▭▭ ▭▭▭ ▭▭▭▭ ▭▭ ▭▭▭ ▭▭▭▭ ▭▭▭ ▭▭ ▭▭▭▭ ▭▭▭ ▭▭ ▭▭▭ ▭▭▭▭ ▭▭ ▭▭▭ ▭▭ ▭▭▭▭ ▭▭▭ ▭▭ ▭▭▭▭ ▭▭▭ ▭▭ ▭▭▭ ▭▭▭▭▭ ▭▭ ▭▭▭ ▭▭▭▭ ▭▭ ▭▭▭ ▭▭▭▭ ▭▭▭ ▭▭ ▭▭▭▭ ▭▭▭ ▭▭ ▭▭▭ ▭▭▭▭ ▭▭ ▭▭▭ ▭▭ ▭▭▭▭ ▭▭▭ ▭▭ ▭▭▭▭ ▭▭▭ ▭▭ ▭▭▭ ▭▭▭▭▭ ▭▭ ▭▭▭ ▭▭▭▭ ▭▭ ▭▭▭ ▭▭▭▭ ▭▭▭ ▭▭ ▭▭▭▭ ▭▭▭ ▭▭ ▭▭▭ ▭▭▭▭ ▭▭ ▭▭▭ ▭▭ ▭▭▭▭ ▭▭▭ ▭▭ ▭▭▭▭ ▭▭▭ ▭▭ ▭▭▭ ▭▭▭▭▭ ▭▭ ▭▭▭ ▭▭▭▭ ▭▭ ▭▭▭ ▭▭▭▭ ▭▭▭ ▭▭ ▭▭▭▭ ▭▭▭ ▭▭ ▭▭▭ ▭▭▭▭ ▭▭ ▭▭▭ ▭▭ ▭▭▭▭ ▭▭▭ ▭▭ ▭▭▭▭ ▭▭▭ ▭▭ ▭▭▭ ▭▭▭▭▭
